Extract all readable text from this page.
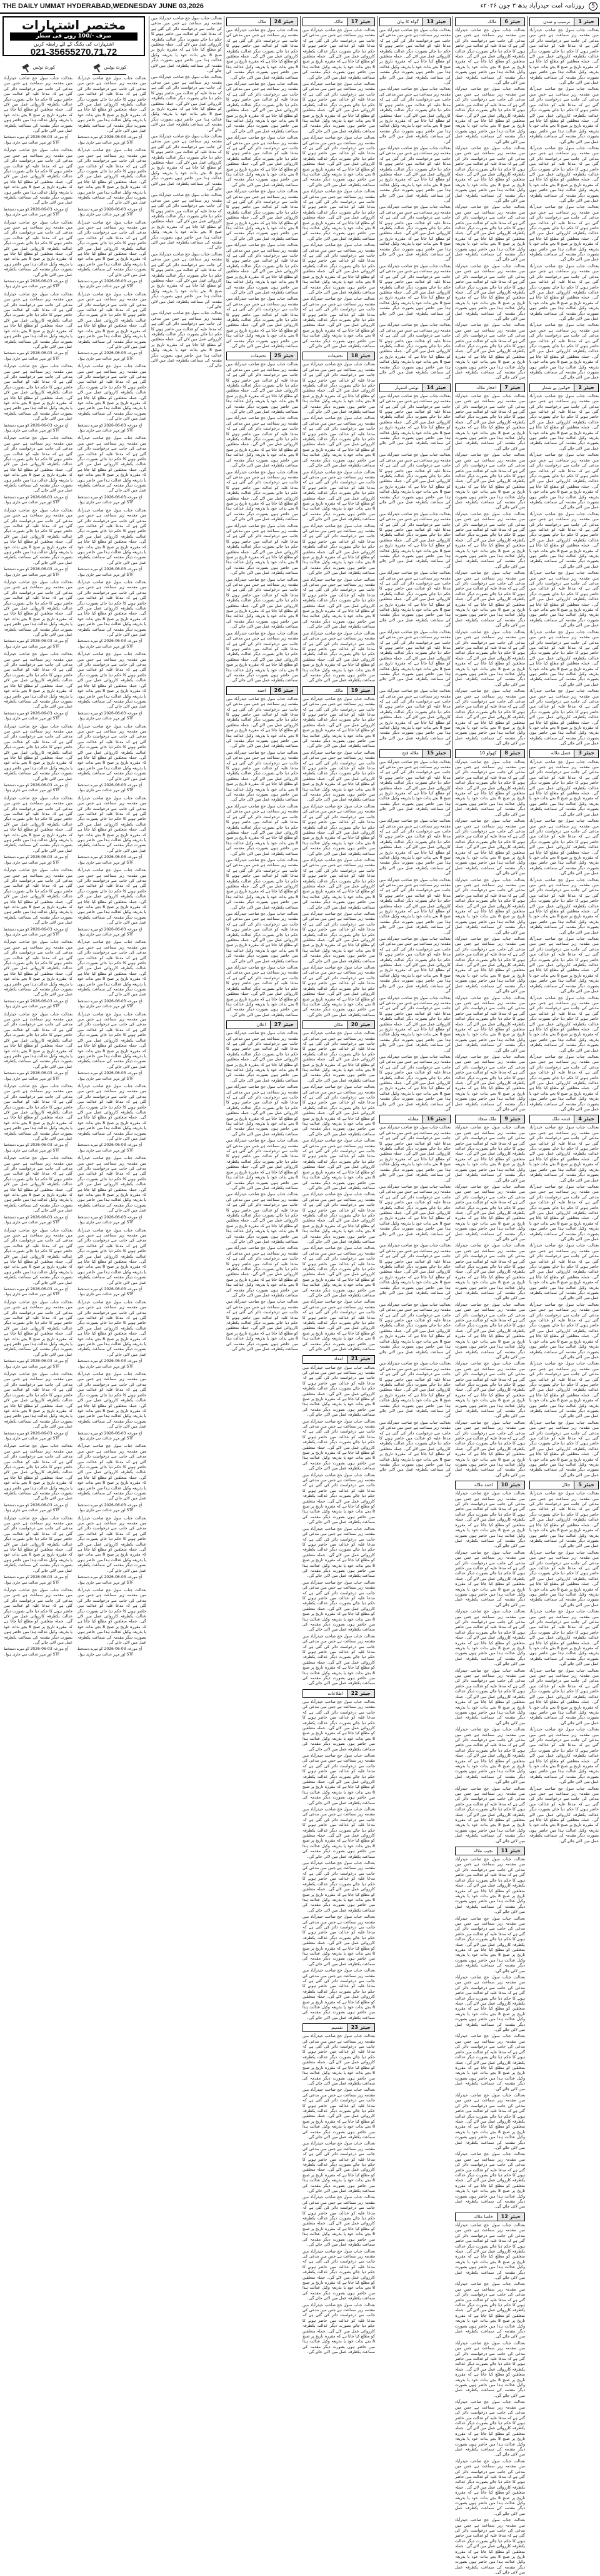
THE DAILY UMMAT HYDERABAD,WEDNESDAY JUNE 03,2026	5 روزنامہ امت حیدرآباد بدھ ۳ جون ۲۰۲۶ء
جیئر 1
ترسیپ و ضدن

بعدالت جناب سول جج صاحب حیدرآباد میں مقدمہ زیر سماعت ہے جس میں مدعی کی جانب سے درخواست دائر کی گئی ہے کہ مدعا علیہ کو عدالت میں حاضر ہونے کا حکم دیا جائے بصورت دیگر عدالت یکطرفہ کارروائی عمل میں لائے گی۔ جملہ متعلقین کو مطلع کیا جاتا ہے کہ مقررہ تاریخ پر صبح 8 بجے بذات خود یا بذریعہ وکیل عدالت ہذا میں حاضر ہوں بصورت دیگر مقدمہ کی سماعت یکطرفہ عمل میں لائی جائے گی۔

بعدالت جناب سول جج صاحب حیدرآباد میں مقدمہ زیر سماعت ہے جس میں مدعی کی جانب سے درخواست دائر کی گئی ہے کہ مدعا علیہ کو عدالت میں حاضر ہونے کا حکم دیا جائے بصورت دیگر عدالت یکطرفہ کارروائی عمل میں لائے گی۔ جملہ متعلقین کو مطلع کیا جاتا ہے کہ مقررہ تاریخ پر صبح 8 بجے بذات خود یا بذریعہ وکیل عدالت ہذا میں حاضر ہوں بصورت دیگر مقدمہ کی سماعت یکطرفہ عمل میں لائی جائے گی۔

بعدالت جناب سول جج صاحب حیدرآباد میں مقدمہ زیر سماعت ہے جس میں مدعی کی جانب سے درخواست دائر کی گئی ہے کہ مدعا علیہ کو عدالت میں حاضر ہونے کا حکم دیا جائے بصورت دیگر عدالت یکطرفہ کارروائی عمل میں لائے گی۔ جملہ متعلقین کو مطلع کیا جاتا ہے کہ مقررہ تاریخ پر صبح 8 بجے بذات خود یا بذریعہ وکیل عدالت ہذا میں حاضر ہوں بصورت دیگر مقدمہ کی سماعت یکطرفہ عمل میں لائی جائے گی۔

بعدالت جناب سول جج صاحب حیدرآباد میں مقدمہ زیر سماعت ہے جس میں مدعی کی جانب سے درخواست دائر کی گئی ہے کہ مدعا علیہ کو عدالت میں حاضر ہونے کا حکم دیا جائے بصورت دیگر عدالت یکطرفہ کارروائی عمل میں لائے گی۔ جملہ متعلقین کو مطلع کیا جاتا ہے کہ مقررہ تاریخ پر صبح 8 بجے بذات خود یا بذریعہ وکیل عدالت ہذا میں حاضر ہوں بصورت دیگر مقدمہ کی سماعت یکطرفہ عمل میں لائی جائے گی۔

بعدالت جناب سول جج صاحب حیدرآباد میں مقدمہ زیر سماعت ہے جس میں مدعی کی جانب سے درخواست دائر کی گئی ہے کہ مدعا علیہ کو عدالت میں حاضر ہونے کا حکم دیا جائے بصورت دیگر عدالت یکطرفہ کارروائی عمل میں لائے گی۔ جملہ متعلقین کو مطلع کیا جاتا ہے کہ مقررہ تاریخ پر صبح 8 بجے بذات خود یا بذریعہ وکیل عدالت ہذا میں حاضر ہوں بصورت دیگر مقدمہ کی سماعت یکطرفہ عمل میں لائی جائے گی۔

بعدالت جناب سول جج صاحب حیدرآباد میں مقدمہ زیر سماعت ہے جس میں مدعی کی جانب سے درخواست دائر کی گئی ہے کہ مدعا علیہ کو عدالت میں حاضر ہونے کا حکم دیا جائے بصورت دیگر عدالت یکطرفہ کارروائی عمل میں لائے گی۔ جملہ متعلقین کو مطلع کیا جاتا ہے کہ مقررہ تاریخ پر صبح 8 بجے بذات خود یا بذریعہ وکیل عدالت ہذا میں حاضر ہوں بصورت دیگر مقدمہ کی سماعت یکطرفہ عمل میں لائی جائے گی۔

جیئر 2
خواتین بے شمار

بعدالت جناب سول جج صاحب حیدرآباد میں مقدمہ زیر سماعت ہے جس میں مدعی کی جانب سے درخواست دائر کی گئی ہے کہ مدعا علیہ کو عدالت میں حاضر ہونے کا حکم دیا جائے بصورت دیگر عدالت یکطرفہ کارروائی عمل میں لائے گی۔ جملہ متعلقین کو مطلع کیا جاتا ہے کہ مقررہ تاریخ پر صبح 8 بجے بذات خود یا بذریعہ وکیل عدالت ہذا میں حاضر ہوں بصورت دیگر مقدمہ کی سماعت یکطرفہ عمل میں لائی جائے گی۔

بعدالت جناب سول جج صاحب حیدرآباد میں مقدمہ زیر سماعت ہے جس میں مدعی کی جانب سے درخواست دائر کی گئی ہے کہ مدعا علیہ کو عدالت میں حاضر ہونے کا حکم دیا جائے بصورت دیگر عدالت یکطرفہ کارروائی عمل میں لائے گی۔ جملہ متعلقین کو مطلع کیا جاتا ہے کہ مقررہ تاریخ پر صبح 8 بجے بذات خود یا بذریعہ وکیل عدالت ہذا میں حاضر ہوں بصورت دیگر مقدمہ کی سماعت یکطرفہ عمل میں لائی جائے گی۔

بعدالت جناب سول جج صاحب حیدرآباد میں مقدمہ زیر سماعت ہے جس میں مدعی کی جانب سے درخواست دائر کی گئی ہے کہ مدعا علیہ کو عدالت میں حاضر ہونے کا حکم دیا جائے بصورت دیگر عدالت یکطرفہ کارروائی عمل میں لائے گی۔ جملہ متعلقین کو مطلع کیا جاتا ہے کہ مقررہ تاریخ پر صبح 8 بجے بذات خود یا بذریعہ وکیل عدالت ہذا میں حاضر ہوں بصورت دیگر مقدمہ کی سماعت یکطرفہ عمل میں لائی جائے گی۔

بعدالت جناب سول جج صاحب حیدرآباد میں مقدمہ زیر سماعت ہے جس میں مدعی کی جانب سے درخواست دائر کی گئی ہے کہ مدعا علیہ کو عدالت میں حاضر ہونے کا حکم دیا جائے بصورت دیگر عدالت یکطرفہ کارروائی عمل میں لائے گی۔ جملہ متعلقین کو مطلع کیا جاتا ہے کہ مقررہ تاریخ پر صبح 8 بجے بذات خود یا بذریعہ وکیل عدالت ہذا میں حاضر ہوں بصورت دیگر مقدمہ کی سماعت یکطرفہ عمل میں لائی جائے گی۔

بعدالت جناب سول جج صاحب حیدرآباد میں مقدمہ زیر سماعت ہے جس میں مدعی کی جانب سے درخواست دائر کی گئی ہے کہ مدعا علیہ کو عدالت میں حاضر ہونے کا حکم دیا جائے بصورت دیگر عدالت یکطرفہ کارروائی عمل میں لائے گی۔ جملہ متعلقین کو مطلع کیا جاتا ہے کہ مقررہ تاریخ پر صبح 8 بجے بذات خود یا بذریعہ وکیل عدالت ہذا میں حاضر ہوں بصورت دیگر مقدمہ کی سماعت یکطرفہ عمل میں لائی جائے گی۔

بعدالت جناب سول جج صاحب حیدرآباد میں مقدمہ زیر سماعت ہے جس میں مدعی کی جانب سے درخواست دائر کی گئی ہے کہ مدعا علیہ کو عدالت میں حاضر ہونے کا حکم دیا جائے بصورت دیگر عدالت یکطرفہ کارروائی عمل میں لائے گی۔ جملہ متعلقین کو مطلع کیا جاتا ہے کہ مقررہ تاریخ پر صبح 8 بجے بذات خود یا بذریعہ وکیل عدالت ہذا میں حاضر ہوں بصورت دیگر مقدمہ کی سماعت یکطرفہ عمل میں لائی جائے گی۔

جیئر 3
فصل ملالہ

بعدالت جناب سول جج صاحب حیدرآباد میں مقدمہ زیر سماعت ہے جس میں مدعی کی جانب سے درخواست دائر کی گئی ہے کہ مدعا علیہ کو عدالت میں حاضر ہونے کا حکم دیا جائے بصورت دیگر عدالت یکطرفہ کارروائی عمل میں لائے گی۔ جملہ متعلقین کو مطلع کیا جاتا ہے کہ مقررہ تاریخ پر صبح 8 بجے بذات خود یا بذریعہ وکیل عدالت ہذا میں حاضر ہوں بصورت دیگر مقدمہ کی سماعت یکطرفہ عمل میں لائی جائے گی۔

بعدالت جناب سول جج صاحب حیدرآباد میں مقدمہ زیر سماعت ہے جس میں مدعی کی جانب سے درخواست دائر کی گئی ہے کہ مدعا علیہ کو عدالت میں حاضر ہونے کا حکم دیا جائے بصورت دیگر عدالت یکطرفہ کارروائی عمل میں لائے گی۔ جملہ متعلقین کو مطلع کیا جاتا ہے کہ مقررہ تاریخ پر صبح 8 بجے بذات خود یا بذریعہ وکیل عدالت ہذا میں حاضر ہوں بصورت دیگر مقدمہ کی سماعت یکطرفہ عمل میں لائی جائے گی۔

بعدالت جناب سول جج صاحب حیدرآباد میں مقدمہ زیر سماعت ہے جس میں مدعی کی جانب سے درخواست دائر کی گئی ہے کہ مدعا علیہ کو عدالت میں حاضر ہونے کا حکم دیا جائے بصورت دیگر عدالت یکطرفہ کارروائی عمل میں لائے گی۔ جملہ متعلقین کو مطلع کیا جاتا ہے کہ مقررہ تاریخ پر صبح 8 بجے بذات خود یا بذریعہ وکیل عدالت ہذا میں حاضر ہوں بصورت دیگر مقدمہ کی سماعت یکطرفہ عمل میں لائی جائے گی۔

بعدالت جناب سول جج صاحب حیدرآباد میں مقدمہ زیر سماعت ہے جس میں مدعی کی جانب سے درخواست دائر کی گئی ہے کہ مدعا علیہ کو عدالت میں حاضر ہونے کا حکم دیا جائے بصورت دیگر عدالت یکطرفہ کارروائی عمل میں لائے گی۔ جملہ متعلقین کو مطلع کیا جاتا ہے کہ مقررہ تاریخ پر صبح 8 بجے بذات خود یا بذریعہ وکیل عدالت ہذا میں حاضر ہوں بصورت دیگر مقدمہ کی سماعت یکطرفہ عمل میں لائی جائے گی۔

بعدالت جناب سول جج صاحب حیدرآباد میں مقدمہ زیر سماعت ہے جس میں مدعی کی جانب سے درخواست دائر کی گئی ہے کہ مدعا علیہ کو عدالت میں حاضر ہونے کا حکم دیا جائے بصورت دیگر عدالت یکطرفہ کارروائی عمل میں لائے گی۔ جملہ متعلقین کو مطلع کیا جاتا ہے کہ مقررہ تاریخ پر صبح 8 بجے بذات خود یا بذریعہ وکیل عدالت ہذا میں حاضر ہوں بصورت دیگر مقدمہ کی سماعت یکطرفہ عمل میں لائی جائے گی۔

بعدالت جناب سول جج صاحب حیدرآباد میں مقدمہ زیر سماعت ہے جس میں مدعی کی جانب سے درخواست دائر کی گئی ہے کہ مدعا علیہ کو عدالت میں حاضر ہونے کا حکم دیا جائے بصورت دیگر عدالت یکطرفہ کارروائی عمل میں لائے گی۔ جملہ متعلقین کو مطلع کیا جاتا ہے کہ مقررہ تاریخ پر صبح 8 بجے بذات خود یا بذریعہ وکیل عدالت ہذا میں حاضر ہوں بصورت دیگر مقدمہ کی سماعت یکطرفہ عمل میں لائی جائے گی۔

جیئر 4
قدمہ ملک

بعدالت جناب سول جج صاحب حیدرآباد میں مقدمہ زیر سماعت ہے جس میں مدعی کی جانب سے درخواست دائر کی گئی ہے کہ مدعا علیہ کو عدالت میں حاضر ہونے کا حکم دیا جائے بصورت دیگر عدالت یکطرفہ کارروائی عمل میں لائے گی۔ جملہ متعلقین کو مطلع کیا جاتا ہے کہ مقررہ تاریخ پر صبح 8 بجے بذات خود یا بذریعہ وکیل عدالت ہذا میں حاضر ہوں بصورت دیگر مقدمہ کی سماعت یکطرفہ عمل میں لائی جائے گی۔

بعدالت جناب سول جج صاحب حیدرآباد میں مقدمہ زیر سماعت ہے جس میں مدعی کی جانب سے درخواست دائر کی گئی ہے کہ مدعا علیہ کو عدالت میں حاضر ہونے کا حکم دیا جائے بصورت دیگر عدالت یکطرفہ کارروائی عمل میں لائے گی۔ جملہ متعلقین کو مطلع کیا جاتا ہے کہ مقررہ تاریخ پر صبح 8 بجے بذات خود یا بذریعہ وکیل عدالت ہذا میں حاضر ہوں بصورت دیگر مقدمہ کی سماعت یکطرفہ عمل میں لائی جائے گی۔

بعدالت جناب سول جج صاحب حیدرآباد میں مقدمہ زیر سماعت ہے جس میں مدعی کی جانب سے درخواست دائر کی گئی ہے کہ مدعا علیہ کو عدالت میں حاضر ہونے کا حکم دیا جائے بصورت دیگر عدالت یکطرفہ کارروائی عمل میں لائے گی۔ جملہ متعلقین کو مطلع کیا جاتا ہے کہ مقررہ تاریخ پر صبح 8 بجے بذات خود یا بذریعہ وکیل عدالت ہذا میں حاضر ہوں بصورت دیگر مقدمہ کی سماعت یکطرفہ عمل میں لائی جائے گی۔

بعدالت جناب سول جج صاحب حیدرآباد میں مقدمہ زیر سماعت ہے جس میں مدعی کی جانب سے درخواست دائر کی گئی ہے کہ مدعا علیہ کو عدالت میں حاضر ہونے کا حکم دیا جائے بصورت دیگر عدالت یکطرفہ کارروائی عمل میں لائے گی۔ جملہ متعلقین کو مطلع کیا جاتا ہے کہ مقررہ تاریخ پر صبح 8 بجے بذات خود یا بذریعہ وکیل عدالت ہذا میں حاضر ہوں بصورت دیگر مقدمہ کی سماعت یکطرفہ عمل میں لائی جائے گی۔

بعدالت جناب سول جج صاحب حیدرآباد میں مقدمہ زیر سماعت ہے جس میں مدعی کی جانب سے درخواست دائر کی گئی ہے کہ مدعا علیہ کو عدالت میں حاضر ہونے کا حکم دیا جائے بصورت دیگر عدالت یکطرفہ کارروائی عمل میں لائے گی۔ جملہ متعلقین کو مطلع کیا جاتا ہے کہ مقررہ تاریخ پر صبح 8 بجے بذات خود یا بذریعہ وکیل عدالت ہذا میں حاضر ہوں بصورت دیگر مقدمہ کی سماعت یکطرفہ عمل میں لائی جائے گی۔

بعدالت جناب سول جج صاحب حیدرآباد میں مقدمہ زیر سماعت ہے جس میں مدعی کی جانب سے درخواست دائر کی گئی ہے کہ مدعا علیہ کو عدالت میں حاضر ہونے کا حکم دیا جائے بصورت دیگر عدالت یکطرفہ کارروائی عمل میں لائے گی۔ جملہ متعلقین کو مطلع کیا جاتا ہے کہ مقررہ تاریخ پر صبح 8 بجے بذات خود یا بذریعہ وکیل عدالت ہذا میں حاضر ہوں بصورت دیگر مقدمہ کی سماعت یکطرفہ عمل میں لائی جائے گی۔

جیئر 5
جلال

بعدالت جناب سول جج صاحب حیدرآباد میں مقدمہ زیر سماعت ہے جس میں مدعی کی جانب سے درخواست دائر کی گئی ہے کہ مدعا علیہ کو عدالت میں حاضر ہونے کا حکم دیا جائے بصورت دیگر عدالت یکطرفہ کارروائی عمل میں لائے گی۔ جملہ متعلقین کو مطلع کیا جاتا ہے کہ مقررہ تاریخ پر صبح 8 بجے بذات خود یا بذریعہ وکیل عدالت ہذا میں حاضر ہوں بصورت دیگر مقدمہ کی سماعت یکطرفہ عمل میں لائی جائے گی۔

بعدالت جناب سول جج صاحب حیدرآباد میں مقدمہ زیر سماعت ہے جس میں مدعی کی جانب سے درخواست دائر کی گئی ہے کہ مدعا علیہ کو عدالت میں حاضر ہونے کا حکم دیا جائے بصورت دیگر عدالت یکطرفہ کارروائی عمل میں لائے گی۔ جملہ متعلقین کو مطلع کیا جاتا ہے کہ مقررہ تاریخ پر صبح 8 بجے بذات خود یا بذریعہ وکیل عدالت ہذا میں حاضر ہوں بصورت دیگر مقدمہ کی سماعت یکطرفہ عمل میں لائی جائے گی۔

بعدالت جناب سول جج صاحب حیدرآباد میں مقدمہ زیر سماعت ہے جس میں مدعی کی جانب سے درخواست دائر کی گئی ہے کہ مدعا علیہ کو عدالت میں حاضر ہونے کا حکم دیا جائے بصورت دیگر عدالت یکطرفہ کارروائی عمل میں لائے گی۔ جملہ متعلقین کو مطلع کیا جاتا ہے کہ مقررہ تاریخ پر صبح 8 بجے بذات خود یا بذریعہ وکیل عدالت ہذا میں حاضر ہوں بصورت دیگر مقدمہ کی سماعت یکطرفہ عمل میں لائی جائے گی۔

بعدالت جناب سول جج صاحب حیدرآباد میں مقدمہ زیر سماعت ہے جس میں مدعی کی جانب سے درخواست دائر کی گئی ہے کہ مدعا علیہ کو عدالت میں حاضر ہونے کا حکم دیا جائے بصورت دیگر عدالت یکطرفہ کارروائی عمل میں لائے گی۔ جملہ متعلقین کو مطلع کیا جاتا ہے کہ مقررہ تاریخ پر صبح 8 بجے بذات خود یا بذریعہ وکیل عدالت ہذا میں حاضر ہوں بصورت دیگر مقدمہ کی سماعت یکطرفہ عمل میں لائی جائے گی۔

بعدالت جناب سول جج صاحب حیدرآباد میں مقدمہ زیر سماعت ہے جس میں مدعی کی جانب سے درخواست دائر کی گئی ہے کہ مدعا علیہ کو عدالت میں حاضر ہونے کا حکم دیا جائے بصورت دیگر عدالت یکطرفہ کارروائی عمل میں لائے گی۔ جملہ متعلقین کو مطلع کیا جاتا ہے کہ مقررہ تاریخ پر صبح 8 بجے بذات خود یا بذریعہ وکیل عدالت ہذا میں حاضر ہوں بصورت دیگر مقدمہ کی سماعت یکطرفہ عمل میں لائی جائے گی۔

بعدالت جناب سول جج صاحب حیدرآباد میں مقدمہ زیر سماعت ہے جس میں مدعی کی جانب سے درخواست دائر کی گئی ہے کہ مدعا علیہ کو عدالت میں حاضر ہونے کا حکم دیا جائے بصورت دیگر عدالت یکطرفہ کارروائی عمل میں لائے گی۔ جملہ متعلقین کو مطلع کیا جاتا ہے کہ مقررہ تاریخ پر صبح 8 بجے بذات خود یا بذریعہ وکیل عدالت ہذا میں حاضر ہوں بصورت دیگر مقدمہ کی سماعت یکطرفہ عمل میں لائی جائے گی۔

جیئر 6
مالک

بعدالت جناب سول جج صاحب حیدرآباد میں مقدمہ زیر سماعت ہے جس میں مدعی کی جانب سے درخواست دائر کی گئی ہے کہ مدعا علیہ کو عدالت میں حاضر ہونے کا حکم دیا جائے بصورت دیگر عدالت یکطرفہ کارروائی عمل میں لائے گی۔ جملہ متعلقین کو مطلع کیا جاتا ہے کہ مقررہ تاریخ پر صبح 8 بجے بذات خود یا بذریعہ وکیل عدالت ہذا میں حاضر ہوں بصورت دیگر مقدمہ کی سماعت یکطرفہ عمل میں لائی جائے گی۔

بعدالت جناب سول جج صاحب حیدرآباد میں مقدمہ زیر سماعت ہے جس میں مدعی کی جانب سے درخواست دائر کی گئی ہے کہ مدعا علیہ کو عدالت میں حاضر ہونے کا حکم دیا جائے بصورت دیگر عدالت یکطرفہ کارروائی عمل میں لائے گی۔ جملہ متعلقین کو مطلع کیا جاتا ہے کہ مقررہ تاریخ پر صبح 8 بجے بذات خود یا بذریعہ وکیل عدالت ہذا میں حاضر ہوں بصورت دیگر مقدمہ کی سماعت یکطرفہ عمل میں لائی جائے گی۔

بعدالت جناب سول جج صاحب حیدرآباد میں مقدمہ زیر سماعت ہے جس میں مدعی کی جانب سے درخواست دائر کی گئی ہے کہ مدعا علیہ کو عدالت میں حاضر ہونے کا حکم دیا جائے بصورت دیگر عدالت یکطرفہ کارروائی عمل میں لائے گی۔ جملہ متعلقین کو مطلع کیا جاتا ہے کہ مقررہ تاریخ پر صبح 8 بجے بذات خود یا بذریعہ وکیل عدالت ہذا میں حاضر ہوں بصورت دیگر مقدمہ کی سماعت یکطرفہ عمل میں لائی جائے گی۔

بعدالت جناب سول جج صاحب حیدرآباد میں مقدمہ زیر سماعت ہے جس میں مدعی کی جانب سے درخواست دائر کی گئی ہے کہ مدعا علیہ کو عدالت میں حاضر ہونے کا حکم دیا جائے بصورت دیگر عدالت یکطرفہ کارروائی عمل میں لائے گی۔ جملہ متعلقین کو مطلع کیا جاتا ہے کہ مقررہ تاریخ پر صبح 8 بجے بذات خود یا بذریعہ وکیل عدالت ہذا میں حاضر ہوں بصورت دیگر مقدمہ کی سماعت یکطرفہ عمل میں لائی جائے گی۔

بعدالت جناب سول جج صاحب حیدرآباد میں مقدمہ زیر سماعت ہے جس میں مدعی کی جانب سے درخواست دائر کی گئی ہے کہ مدعا علیہ کو عدالت میں حاضر ہونے کا حکم دیا جائے بصورت دیگر عدالت یکطرفہ کارروائی عمل میں لائے گی۔ جملہ متعلقین کو مطلع کیا جاتا ہے کہ مقررہ تاریخ پر صبح 8 بجے بذات خود یا بذریعہ وکیل عدالت ہذا میں حاضر ہوں بصورت دیگر مقدمہ کی سماعت یکطرفہ عمل میں لائی جائے گی۔

بعدالت جناب سول جج صاحب حیدرآباد میں مقدمہ زیر سماعت ہے جس میں مدعی کی جانب سے درخواست دائر کی گئی ہے کہ مدعا علیہ کو عدالت میں حاضر ہونے کا حکم دیا جائے بصورت دیگر عدالت یکطرفہ کارروائی عمل میں لائے گی۔ جملہ متعلقین کو مطلع کیا جاتا ہے کہ مقررہ تاریخ پر صبح 8 بجے بذات خود یا بذریعہ وکیل عدالت ہذا میں حاضر ہوں بصورت دیگر مقدمہ کی سماعت یکطرفہ عمل میں لائی جائے گی۔

جیئر 7
اعجاز ملالہ

بعدالت جناب سول جج صاحب حیدرآباد میں مقدمہ زیر سماعت ہے جس میں مدعی کی جانب سے درخواست دائر کی گئی ہے کہ مدعا علیہ کو عدالت میں حاضر ہونے کا حکم دیا جائے بصورت دیگر عدالت یکطرفہ کارروائی عمل میں لائے گی۔ جملہ متعلقین کو مطلع کیا جاتا ہے کہ مقررہ تاریخ پر صبح 8 بجے بذات خود یا بذریعہ وکیل عدالت ہذا میں حاضر ہوں بصورت دیگر مقدمہ کی سماعت یکطرفہ عمل میں لائی جائے گی۔

بعدالت جناب سول جج صاحب حیدرآباد میں مقدمہ زیر سماعت ہے جس میں مدعی کی جانب سے درخواست دائر کی گئی ہے کہ مدعا علیہ کو عدالت میں حاضر ہونے کا حکم دیا جائے بصورت دیگر عدالت یکطرفہ کارروائی عمل میں لائے گی۔ جملہ متعلقین کو مطلع کیا جاتا ہے کہ مقررہ تاریخ پر صبح 8 بجے بذات خود یا بذریعہ وکیل عدالت ہذا میں حاضر ہوں بصورت دیگر مقدمہ کی سماعت یکطرفہ عمل میں لائی جائے گی۔

بعدالت جناب سول جج صاحب حیدرآباد میں مقدمہ زیر سماعت ہے جس میں مدعی کی جانب سے درخواست دائر کی گئی ہے کہ مدعا علیہ کو عدالت میں حاضر ہونے کا حکم دیا جائے بصورت دیگر عدالت یکطرفہ کارروائی عمل میں لائے گی۔ جملہ متعلقین کو مطلع کیا جاتا ہے کہ مقررہ تاریخ پر صبح 8 بجے بذات خود یا بذریعہ وکیل عدالت ہذا میں حاضر ہوں بصورت دیگر مقدمہ کی سماعت یکطرفہ عمل میں لائی جائے گی۔

بعدالت جناب سول جج صاحب حیدرآباد میں مقدمہ زیر سماعت ہے جس میں مدعی کی جانب سے درخواست دائر کی گئی ہے کہ مدعا علیہ کو عدالت میں حاضر ہونے کا حکم دیا جائے بصورت دیگر عدالت یکطرفہ کارروائی عمل میں لائے گی۔ جملہ متعلقین کو مطلع کیا جاتا ہے کہ مقررہ تاریخ پر صبح 8 بجے بذات خود یا بذریعہ وکیل عدالت ہذا میں حاضر ہوں بصورت دیگر مقدمہ کی سماعت یکطرفہ عمل میں لائی جائے گی۔

بعدالت جناب سول جج صاحب حیدرآباد میں مقدمہ زیر سماعت ہے جس میں مدعی کی جانب سے درخواست دائر کی گئی ہے کہ مدعا علیہ کو عدالت میں حاضر ہونے کا حکم دیا جائے بصورت دیگر عدالت یکطرفہ کارروائی عمل میں لائے گی۔ جملہ متعلقین کو مطلع کیا جاتا ہے کہ مقررہ تاریخ پر صبح 8 بجے بذات خود یا بذریعہ وکیل عدالت ہذا میں حاضر ہوں بصورت دیگر مقدمہ کی سماعت یکطرفہ عمل میں لائی جائے گی۔

بعدالت جناب سول جج صاحب حیدرآباد میں مقدمہ زیر سماعت ہے جس میں مدعی کی جانب سے درخواست دائر کی گئی ہے کہ مدعا علیہ کو عدالت میں حاضر ہونے کا حکم دیا جائے بصورت دیگر عدالت یکطرفہ کارروائی عمل میں لائے گی۔ جملہ متعلقین کو مطلع کیا جاتا ہے کہ مقررہ تاریخ پر صبح 8 بجے بذات خود یا بذریعہ وکیل عدالت ہذا میں حاضر ہوں بصورت دیگر مقدمہ کی سماعت یکطرفہ عمل میں لائی جائے گی۔

جیئر 8
کھولو 10

بعدالت جناب سول جج صاحب حیدرآباد میں مقدمہ زیر سماعت ہے جس میں مدعی کی جانب سے درخواست دائر کی گئی ہے کہ مدعا علیہ کو عدالت میں حاضر ہونے کا حکم دیا جائے بصورت دیگر عدالت یکطرفہ کارروائی عمل میں لائے گی۔ جملہ متعلقین کو مطلع کیا جاتا ہے کہ مقررہ تاریخ پر صبح 8 بجے بذات خود یا بذریعہ وکیل عدالت ہذا میں حاضر ہوں بصورت دیگر مقدمہ کی سماعت یکطرفہ عمل میں لائی جائے گی۔

بعدالت جناب سول جج صاحب حیدرآباد میں مقدمہ زیر سماعت ہے جس میں مدعی کی جانب سے درخواست دائر کی گئی ہے کہ مدعا علیہ کو عدالت میں حاضر ہونے کا حکم دیا جائے بصورت دیگر عدالت یکطرفہ کارروائی عمل میں لائے گی۔ جملہ متعلقین کو مطلع کیا جاتا ہے کہ مقررہ تاریخ پر صبح 8 بجے بذات خود یا بذریعہ وکیل عدالت ہذا میں حاضر ہوں بصورت دیگر مقدمہ کی سماعت یکطرفہ عمل میں لائی جائے گی۔

بعدالت جناب سول جج صاحب حیدرآباد میں مقدمہ زیر سماعت ہے جس میں مدعی کی جانب سے درخواست دائر کی گئی ہے کہ مدعا علیہ کو عدالت میں حاضر ہونے کا حکم دیا جائے بصورت دیگر عدالت یکطرفہ کارروائی عمل میں لائے گی۔ جملہ متعلقین کو مطلع کیا جاتا ہے کہ مقررہ تاریخ پر صبح 8 بجے بذات خود یا بذریعہ وکیل عدالت ہذا میں حاضر ہوں بصورت دیگر مقدمہ کی سماعت یکطرفہ عمل میں لائی جائے گی۔

بعدالت جناب سول جج صاحب حیدرآباد میں مقدمہ زیر سماعت ہے جس میں مدعی کی جانب سے درخواست دائر کی گئی ہے کہ مدعا علیہ کو عدالت میں حاضر ہونے کا حکم دیا جائے بصورت دیگر عدالت یکطرفہ کارروائی عمل میں لائے گی۔ جملہ متعلقین کو مطلع کیا جاتا ہے کہ مقررہ تاریخ پر صبح 8 بجے بذات خود یا بذریعہ وکیل عدالت ہذا میں حاضر ہوں بصورت دیگر مقدمہ کی سماعت یکطرفہ عمل میں لائی جائے گی۔

بعدالت جناب سول جج صاحب حیدرآباد میں مقدمہ زیر سماعت ہے جس میں مدعی کی جانب سے درخواست دائر کی گئی ہے کہ مدعا علیہ کو عدالت میں حاضر ہونے کا حکم دیا جائے بصورت دیگر عدالت یکطرفہ کارروائی عمل میں لائے گی۔ جملہ متعلقین کو مطلع کیا جاتا ہے کہ مقررہ تاریخ پر صبح 8 بجے بذات خود یا بذریعہ وکیل عدالت ہذا میں حاضر ہوں بصورت دیگر مقدمہ کی سماعت یکطرفہ عمل میں لائی جائے گی۔

بعدالت جناب سول جج صاحب حیدرآباد میں مقدمہ زیر سماعت ہے جس میں مدعی کی جانب سے درخواست دائر کی گئی ہے کہ مدعا علیہ کو عدالت میں حاضر ہونے کا حکم دیا جائے بصورت دیگر عدالت یکطرفہ کارروائی عمل میں لائے گی۔ جملہ متعلقین کو مطلع کیا جاتا ہے کہ مقررہ تاریخ پر صبح 8 بجے بذات خود یا بذریعہ وکیل عدالت ہذا میں حاضر ہوں بصورت دیگر مقدمہ کی سماعت یکطرفہ عمل میں لائی جائے گی۔

جیئر 9
ملک سجاد

بعدالت جناب سول جج صاحب حیدرآباد میں مقدمہ زیر سماعت ہے جس میں مدعی کی جانب سے درخواست دائر کی گئی ہے کہ مدعا علیہ کو عدالت میں حاضر ہونے کا حکم دیا جائے بصورت دیگر عدالت یکطرفہ کارروائی عمل میں لائے گی۔ جملہ متعلقین کو مطلع کیا جاتا ہے کہ مقررہ تاریخ پر صبح 8 بجے بذات خود یا بذریعہ وکیل عدالت ہذا میں حاضر ہوں بصورت دیگر مقدمہ کی سماعت یکطرفہ عمل میں لائی جائے گی۔

بعدالت جناب سول جج صاحب حیدرآباد میں مقدمہ زیر سماعت ہے جس میں مدعی کی جانب سے درخواست دائر کی گئی ہے کہ مدعا علیہ کو عدالت میں حاضر ہونے کا حکم دیا جائے بصورت دیگر عدالت یکطرفہ کارروائی عمل میں لائے گی۔ جملہ متعلقین کو مطلع کیا جاتا ہے کہ مقررہ تاریخ پر صبح 8 بجے بذات خود یا بذریعہ وکیل عدالت ہذا میں حاضر ہوں بصورت دیگر مقدمہ کی سماعت یکطرفہ عمل میں لائی جائے گی۔

بعدالت جناب سول جج صاحب حیدرآباد میں مقدمہ زیر سماعت ہے جس میں مدعی کی جانب سے درخواست دائر کی گئی ہے کہ مدعا علیہ کو عدالت میں حاضر ہونے کا حکم دیا جائے بصورت دیگر عدالت یکطرفہ کارروائی عمل میں لائے گی۔ جملہ متعلقین کو مطلع کیا جاتا ہے کہ مقررہ تاریخ پر صبح 8 بجے بذات خود یا بذریعہ وکیل عدالت ہذا میں حاضر ہوں بصورت دیگر مقدمہ کی سماعت یکطرفہ عمل میں لائی جائے گی۔

بعدالت جناب سول جج صاحب حیدرآباد میں مقدمہ زیر سماعت ہے جس میں مدعی کی جانب سے درخواست دائر کی گئی ہے کہ مدعا علیہ کو عدالت میں حاضر ہونے کا حکم دیا جائے بصورت دیگر عدالت یکطرفہ کارروائی عمل میں لائے گی۔ جملہ متعلقین کو مطلع کیا جاتا ہے کہ مقررہ تاریخ پر صبح 8 بجے بذات خود یا بذریعہ وکیل عدالت ہذا میں حاضر ہوں بصورت دیگر مقدمہ کی سماعت یکطرفہ عمل میں لائی جائے گی۔

بعدالت جناب سول جج صاحب حیدرآباد میں مقدمہ زیر سماعت ہے جس میں مدعی کی جانب سے درخواست دائر کی گئی ہے کہ مدعا علیہ کو عدالت میں حاضر ہونے کا حکم دیا جائے بصورت دیگر عدالت یکطرفہ کارروائی عمل میں لائے گی۔ جملہ متعلقین کو مطلع کیا جاتا ہے کہ مقررہ تاریخ پر صبح 8 بجے بذات خود یا بذریعہ وکیل عدالت ہذا میں حاضر ہوں بصورت دیگر مقدمہ کی سماعت یکطرفہ عمل میں لائی جائے گی۔

بعدالت جناب سول جج صاحب حیدرآباد میں مقدمہ زیر سماعت ہے جس میں مدعی کی جانب سے درخواست دائر کی گئی ہے کہ مدعا علیہ کو عدالت میں حاضر ہونے کا حکم دیا جائے بصورت دیگر عدالت یکطرفہ کارروائی عمل میں لائے گی۔ جملہ متعلقین کو مطلع کیا جاتا ہے کہ مقررہ تاریخ پر صبح 8 بجے بذات خود یا بذریعہ وکیل عدالت ہذا میں حاضر ہوں بصورت دیگر مقدمہ کی سماعت یکطرفہ عمل میں لائی جائے گی۔

جیئر 10
احمد ملالہ

بعدالت جناب سول جج صاحب حیدرآباد میں مقدمہ زیر سماعت ہے جس میں مدعی کی جانب سے درخواست دائر کی گئی ہے کہ مدعا علیہ کو عدالت میں حاضر ہونے کا حکم دیا جائے بصورت دیگر عدالت یکطرفہ کارروائی عمل میں لائے گی۔ جملہ متعلقین کو مطلع کیا جاتا ہے کہ مقررہ تاریخ پر صبح 8 بجے بذات خود یا بذریعہ وکیل عدالت ہذا میں حاضر ہوں بصورت دیگر مقدمہ کی سماعت یکطرفہ عمل میں لائی جائے گی۔

بعدالت جناب سول جج صاحب حیدرآباد میں مقدمہ زیر سماعت ہے جس میں مدعی کی جانب سے درخواست دائر کی گئی ہے کہ مدعا علیہ کو عدالت میں حاضر ہونے کا حکم دیا جائے بصورت دیگر عدالت یکطرفہ کارروائی عمل میں لائے گی۔ جملہ متعلقین کو مطلع کیا جاتا ہے کہ مقررہ تاریخ پر صبح 8 بجے بذات خود یا بذریعہ وکیل عدالت ہذا میں حاضر ہوں بصورت دیگر مقدمہ کی سماعت یکطرفہ عمل میں لائی جائے گی۔

بعدالت جناب سول جج صاحب حیدرآباد میں مقدمہ زیر سماعت ہے جس میں مدعی کی جانب سے درخواست دائر کی گئی ہے کہ مدعا علیہ کو عدالت میں حاضر ہونے کا حکم دیا جائے بصورت دیگر عدالت یکطرفہ کارروائی عمل میں لائے گی۔ جملہ متعلقین کو مطلع کیا جاتا ہے کہ مقررہ تاریخ پر صبح 8 بجے بذات خود یا بذریعہ وکیل عدالت ہذا میں حاضر ہوں بصورت دیگر مقدمہ کی سماعت یکطرفہ عمل میں لائی جائے گی۔

بعدالت جناب سول جج صاحب حیدرآباد میں مقدمہ زیر سماعت ہے جس میں مدعی کی جانب سے درخواست دائر کی گئی ہے کہ مدعا علیہ کو عدالت میں حاضر ہونے کا حکم دیا جائے بصورت دیگر عدالت یکطرفہ کارروائی عمل میں لائے گی۔ جملہ متعلقین کو مطلع کیا جاتا ہے کہ مقررہ تاریخ پر صبح 8 بجے بذات خود یا بذریعہ وکیل عدالت ہذا میں حاضر ہوں بصورت دیگر مقدمہ کی سماعت یکطرفہ عمل میں لائی جائے گی۔

بعدالت جناب سول جج صاحب حیدرآباد میں مقدمہ زیر سماعت ہے جس میں مدعی کی جانب سے درخواست دائر کی گئی ہے کہ مدعا علیہ کو عدالت میں حاضر ہونے کا حکم دیا جائے بصورت دیگر عدالت یکطرفہ کارروائی عمل میں لائے گی۔ جملہ متعلقین کو مطلع کیا جاتا ہے کہ مقررہ تاریخ پر صبح 8 بجے بذات خود یا بذریعہ وکیل عدالت ہذا میں حاضر ہوں بصورت دیگر مقدمہ کی سماعت یکطرفہ عمل میں لائی جائے گی۔

بعدالت جناب سول جج صاحب حیدرآباد میں مقدمہ زیر سماعت ہے جس میں مدعی کی جانب سے درخواست دائر کی گئی ہے کہ مدعا علیہ کو عدالت میں حاضر ہونے کا حکم دیا جائے بصورت دیگر عدالت یکطرفہ کارروائی عمل میں لائے گی۔ جملہ متعلقین کو مطلع کیا جاتا ہے کہ مقررہ تاریخ پر صبح 8 بجے بذات خود یا بذریعہ وکیل عدالت ہذا میں حاضر ہوں بصورت دیگر مقدمہ کی سماعت یکطرفہ عمل میں لائی جائے گی۔

جیئر 11
نجیب ملالہ

بعدالت جناب سول جج صاحب حیدرآباد میں مقدمہ زیر سماعت ہے جس میں مدعی کی جانب سے درخواست دائر کی گئی ہے کہ مدعا علیہ کو عدالت میں حاضر ہونے کا حکم دیا جائے بصورت دیگر عدالت یکطرفہ کارروائی عمل میں لائے گی۔ جملہ متعلقین کو مطلع کیا جاتا ہے کہ مقررہ تاریخ پر صبح 8 بجے بذات خود یا بذریعہ وکیل عدالت ہذا میں حاضر ہوں بصورت دیگر مقدمہ کی سماعت یکطرفہ عمل میں لائی جائے گی۔

بعدالت جناب سول جج صاحب حیدرآباد میں مقدمہ زیر سماعت ہے جس میں مدعی کی جانب سے درخواست دائر کی گئی ہے کہ مدعا علیہ کو عدالت میں حاضر ہونے کا حکم دیا جائے بصورت دیگر عدالت یکطرفہ کارروائی عمل میں لائے گی۔ جملہ متعلقین کو مطلع کیا جاتا ہے کہ مقررہ تاریخ پر صبح 8 بجے بذات خود یا بذریعہ وکیل عدالت ہذا میں حاضر ہوں بصورت دیگر مقدمہ کی سماعت یکطرفہ عمل میں لائی جائے گی۔

بعدالت جناب سول جج صاحب حیدرآباد میں مقدمہ زیر سماعت ہے جس میں مدعی کی جانب سے درخواست دائر کی گئی ہے کہ مدعا علیہ کو عدالت میں حاضر ہونے کا حکم دیا جائے بصورت دیگر عدالت یکطرفہ کارروائی عمل میں لائے گی۔ جملہ متعلقین کو مطلع کیا جاتا ہے کہ مقررہ تاریخ پر صبح 8 بجے بذات خود یا بذریعہ وکیل عدالت ہذا میں حاضر ہوں بصورت دیگر مقدمہ کی سماعت یکطرفہ عمل میں لائی جائے گی۔

بعدالت جناب سول جج صاحب حیدرآباد میں مقدمہ زیر سماعت ہے جس میں مدعی کی جانب سے درخواست دائر کی گئی ہے کہ مدعا علیہ کو عدالت میں حاضر ہونے کا حکم دیا جائے بصورت دیگر عدالت یکطرفہ کارروائی عمل میں لائے گی۔ جملہ متعلقین کو مطلع کیا جاتا ہے کہ مقررہ تاریخ پر صبح 8 بجے بذات خود یا بذریعہ وکیل عدالت ہذا میں حاضر ہوں بصورت دیگر مقدمہ کی سماعت یکطرفہ عمل میں لائی جائے گی۔

بعدالت جناب سول جج صاحب حیدرآباد میں مقدمہ زیر سماعت ہے جس میں مدعی کی جانب سے درخواست دائر کی گئی ہے کہ مدعا علیہ کو عدالت میں حاضر ہونے کا حکم دیا جائے بصورت دیگر عدالت یکطرفہ کارروائی عمل میں لائے گی۔ جملہ متعلقین کو مطلع کیا جاتا ہے کہ مقررہ تاریخ پر صبح 8 بجے بذات خود یا بذریعہ وکیل عدالت ہذا میں حاضر ہوں بصورت دیگر مقدمہ کی سماعت یکطرفہ عمل میں لائی جائے گی۔

بعدالت جناب سول جج صاحب حیدرآباد میں مقدمہ زیر سماعت ہے جس میں مدعی کی جانب سے درخواست دائر کی گئی ہے کہ مدعا علیہ کو عدالت میں حاضر ہونے کا حکم دیا جائے بصورت دیگر عدالت یکطرفہ کارروائی عمل میں لائے گی۔ جملہ متعلقین کو مطلع کیا جاتا ہے کہ مقررہ تاریخ پر صبح 8 بجے بذات خود یا بذریعہ وکیل عدالت ہذا میں حاضر ہوں بصورت دیگر مقدمہ کی سماعت یکطرفہ عمل میں لائی جائے گی۔

جیئر 12
خاصا ملالہ

بعدالت جناب سول جج صاحب حیدرآباد میں مقدمہ زیر سماعت ہے جس میں مدعی کی جانب سے درخواست دائر کی گئی ہے کہ مدعا علیہ کو عدالت میں حاضر ہونے کا حکم دیا جائے بصورت دیگر عدالت یکطرفہ کارروائی عمل میں لائے گی۔ جملہ متعلقین کو مطلع کیا جاتا ہے کہ مقررہ تاریخ پر صبح 8 بجے بذات خود یا بذریعہ وکیل عدالت ہذا میں حاضر ہوں بصورت دیگر مقدمہ کی سماعت یکطرفہ عمل میں لائی جائے گی۔

بعدالت جناب سول جج صاحب حیدرآباد میں مقدمہ زیر سماعت ہے جس میں مدعی کی جانب سے درخواست دائر کی گئی ہے کہ مدعا علیہ کو عدالت میں حاضر ہونے کا حکم دیا جائے بصورت دیگر عدالت یکطرفہ کارروائی عمل میں لائے گی۔ جملہ متعلقین کو مطلع کیا جاتا ہے کہ مقررہ تاریخ پر صبح 8 بجے بذات خود یا بذریعہ وکیل عدالت ہذا میں حاضر ہوں بصورت دیگر مقدمہ کی سماعت یکطرفہ عمل میں لائی جائے گی۔

بعدالت جناب سول جج صاحب حیدرآباد میں مقدمہ زیر سماعت ہے جس میں مدعی کی جانب سے درخواست دائر کی گئی ہے کہ مدعا علیہ کو عدالت میں حاضر ہونے کا حکم دیا جائے بصورت دیگر عدالت یکطرفہ کارروائی عمل میں لائے گی۔ جملہ متعلقین کو مطلع کیا جاتا ہے کہ مقررہ تاریخ پر صبح 8 بجے بذات خود یا بذریعہ وکیل عدالت ہذا میں حاضر ہوں بصورت دیگر مقدمہ کی سماعت یکطرفہ عمل میں لائی جائے گی۔

بعدالت جناب سول جج صاحب حیدرآباد میں مقدمہ زیر سماعت ہے جس میں مدعی کی جانب سے درخواست دائر کی گئی ہے کہ مدعا علیہ کو عدالت میں حاضر ہونے کا حکم دیا جائے بصورت دیگر عدالت یکطرفہ کارروائی عمل میں لائے گی۔ جملہ متعلقین کو مطلع کیا جاتا ہے کہ مقررہ تاریخ پر صبح 8 بجے بذات خود یا بذریعہ وکیل عدالت ہذا میں حاضر ہوں بصورت دیگر مقدمہ کی سماعت یکطرفہ عمل میں لائی جائے گی۔

بعدالت جناب سول جج صاحب حیدرآباد میں مقدمہ زیر سماعت ہے جس میں مدعی کی جانب سے درخواست دائر کی گئی ہے کہ مدعا علیہ کو عدالت میں حاضر ہونے کا حکم دیا جائے بصورت دیگر عدالت یکطرفہ کارروائی عمل میں لائے گی۔ جملہ متعلقین کو مطلع کیا جاتا ہے کہ مقررہ تاریخ پر صبح 8 بجے بذات خود یا بذریعہ وکیل عدالت ہذا میں حاضر ہوں بصورت دیگر مقدمہ کی سماعت یکطرفہ عمل میں لائی جائے گی۔

بعدالت جناب سول جج صاحب حیدرآباد میں مقدمہ زیر سماعت ہے جس میں مدعی کی جانب سے درخواست دائر کی گئی ہے کہ مدعا علیہ کو عدالت میں حاضر ہونے کا حکم دیا جائے بصورت دیگر عدالت یکطرفہ کارروائی عمل میں لائے گی۔ جملہ متعلقین کو مطلع کیا جاتا ہے کہ مقررہ تاریخ پر صبح 8 بجے بذات خود یا بذریعہ وکیل عدالت ہذا میں حاضر ہوں بصورت دیگر مقدمہ کی سماعت یکطرفہ عمل میں لائی جائے گی۔

جیئر 13
گواہ کا بیان

بعدالت جناب سول جج صاحب حیدرآباد میں مقدمہ زیر سماعت ہے جس میں مدعی کی جانب سے درخواست دائر کی گئی ہے کہ مدعا علیہ کو عدالت میں حاضر ہونے کا حکم دیا جائے بصورت دیگر عدالت یکطرفہ کارروائی عمل میں لائے گی۔ جملہ متعلقین کو مطلع کیا جاتا ہے کہ مقررہ تاریخ پر صبح 8 بجے بذات خود یا بذریعہ وکیل عدالت ہذا میں حاضر ہوں بصورت دیگر مقدمہ کی سماعت یکطرفہ عمل میں لائی جائے گی۔

بعدالت جناب سول جج صاحب حیدرآباد میں مقدمہ زیر سماعت ہے جس میں مدعی کی جانب سے درخواست دائر کی گئی ہے کہ مدعا علیہ کو عدالت میں حاضر ہونے کا حکم دیا جائے بصورت دیگر عدالت یکطرفہ کارروائی عمل میں لائے گی۔ جملہ متعلقین کو مطلع کیا جاتا ہے کہ مقررہ تاریخ پر صبح 8 بجے بذات خود یا بذریعہ وکیل عدالت ہذا میں حاضر ہوں بصورت دیگر مقدمہ کی سماعت یکطرفہ عمل میں لائی جائے گی۔

بعدالت جناب سول جج صاحب حیدرآباد میں مقدمہ زیر سماعت ہے جس میں مدعی کی جانب سے درخواست دائر کی گئی ہے کہ مدعا علیہ کو عدالت میں حاضر ہونے کا حکم دیا جائے بصورت دیگر عدالت یکطرفہ کارروائی عمل میں لائے گی۔ جملہ متعلقین کو مطلع کیا جاتا ہے کہ مقررہ تاریخ پر صبح 8 بجے بذات خود یا بذریعہ وکیل عدالت ہذا میں حاضر ہوں بصورت دیگر مقدمہ کی سماعت یکطرفہ عمل میں لائی جائے گی۔

بعدالت جناب سول جج صاحب حیدرآباد میں مقدمہ زیر سماعت ہے جس میں مدعی کی جانب سے درخواست دائر کی گئی ہے کہ مدعا علیہ کو عدالت میں حاضر ہونے کا حکم دیا جائے بصورت دیگر عدالت یکطرفہ کارروائی عمل میں لائے گی۔ جملہ متعلقین کو مطلع کیا جاتا ہے کہ مقررہ تاریخ پر صبح 8 بجے بذات خود یا بذریعہ وکیل عدالت ہذا میں حاضر ہوں بصورت دیگر مقدمہ کی سماعت یکطرفہ عمل میں لائی جائے گی۔

بعدالت جناب سول جج صاحب حیدرآباد میں مقدمہ زیر سماعت ہے جس میں مدعی کی جانب سے درخواست دائر کی گئی ہے کہ مدعا علیہ کو عدالت میں حاضر ہونے کا حکم دیا جائے بصورت دیگر عدالت یکطرفہ کارروائی عمل میں لائے گی۔ جملہ متعلقین کو مطلع کیا جاتا ہے کہ مقررہ تاریخ پر صبح 8 بجے بذات خود یا بذریعہ وکیل عدالت ہذا میں حاضر ہوں بصورت دیگر مقدمہ کی سماعت یکطرفہ عمل میں لائی جائے گی۔

بعدالت جناب سول جج صاحب حیدرآباد میں مقدمہ زیر سماعت ہے جس میں مدعی کی جانب سے درخواست دائر کی گئی ہے کہ مدعا علیہ کو عدالت میں حاضر ہونے کا حکم دیا جائے بصورت دیگر عدالت یکطرفہ کارروائی عمل میں لائے گی۔ جملہ متعلقین کو مطلع کیا جاتا ہے کہ مقررہ تاریخ پر صبح 8 بجے بذات خود یا بذریعہ وکیل عدالت ہذا میں حاضر ہوں بصورت دیگر مقدمہ کی سماعت یکطرفہ عمل میں لائی جائے گی۔

جیئر 14
نوٹس اشتہار

بعدالت جناب سول جج صاحب حیدرآباد میں مقدمہ زیر سماعت ہے جس میں مدعی کی جانب سے درخواست دائر کی گئی ہے کہ مدعا علیہ کو عدالت میں حاضر ہونے کا حکم دیا جائے بصورت دیگر عدالت یکطرفہ کارروائی عمل میں لائے گی۔ جملہ متعلقین کو مطلع کیا جاتا ہے کہ مقررہ تاریخ پر صبح 8 بجے بذات خود یا بذریعہ وکیل عدالت ہذا میں حاضر ہوں بصورت دیگر مقدمہ کی سماعت یکطرفہ عمل میں لائی جائے گی۔

بعدالت جناب سول جج صاحب حیدرآباد میں مقدمہ زیر سماعت ہے جس میں مدعی کی جانب سے درخواست دائر کی گئی ہے کہ مدعا علیہ کو عدالت میں حاضر ہونے کا حکم دیا جائے بصورت دیگر عدالت یکطرفہ کارروائی عمل میں لائے گی۔ جملہ متعلقین کو مطلع کیا جاتا ہے کہ مقررہ تاریخ پر صبح 8 بجے بذات خود یا بذریعہ وکیل عدالت ہذا میں حاضر ہوں بصورت دیگر مقدمہ کی سماعت یکطرفہ عمل میں لائی جائے گی۔

بعدالت جناب سول جج صاحب حیدرآباد میں مقدمہ زیر سماعت ہے جس میں مدعی کی جانب سے درخواست دائر کی گئی ہے کہ مدعا علیہ کو عدالت میں حاضر ہونے کا حکم دیا جائے بصورت دیگر عدالت یکطرفہ کارروائی عمل میں لائے گی۔ جملہ متعلقین کو مطلع کیا جاتا ہے کہ مقررہ تاریخ پر صبح 8 بجے بذات خود یا بذریعہ وکیل عدالت ہذا میں حاضر ہوں بصورت دیگر مقدمہ کی سماعت یکطرفہ عمل میں لائی جائے گی۔

بعدالت جناب سول جج صاحب حیدرآباد میں مقدمہ زیر سماعت ہے جس میں مدعی کی جانب سے درخواست دائر کی گئی ہے کہ مدعا علیہ کو عدالت میں حاضر ہونے کا حکم دیا جائے بصورت دیگر عدالت یکطرفہ کارروائی عمل میں لائے گی۔ جملہ متعلقین کو مطلع کیا جاتا ہے کہ مقررہ تاریخ پر صبح 8 بجے بذات خود یا بذریعہ وکیل عدالت ہذا میں حاضر ہوں بصورت دیگر مقدمہ کی سماعت یکطرفہ عمل میں لائی جائے گی۔

بعدالت جناب سول جج صاحب حیدرآباد میں مقدمہ زیر سماعت ہے جس میں مدعی کی جانب سے درخواست دائر کی گئی ہے کہ مدعا علیہ کو عدالت میں حاضر ہونے کا حکم دیا جائے بصورت دیگر عدالت یکطرفہ کارروائی عمل میں لائے گی۔ جملہ متعلقین کو مطلع کیا جاتا ہے کہ مقررہ تاریخ پر صبح 8 بجے بذات خود یا بذریعہ وکیل عدالت ہذا میں حاضر ہوں بصورت دیگر مقدمہ کی سماعت یکطرفہ عمل میں لائی جائے گی۔

بعدالت جناب سول جج صاحب حیدرآباد میں مقدمہ زیر سماعت ہے جس میں مدعی کی جانب سے درخواست دائر کی گئی ہے کہ مدعا علیہ کو عدالت میں حاضر ہونے کا حکم دیا جائے بصورت دیگر عدالت یکطرفہ کارروائی عمل میں لائے گی۔ جملہ متعلقین کو مطلع کیا جاتا ہے کہ مقررہ تاریخ پر صبح 8 بجے بذات خود یا بذریعہ وکیل عدالت ہذا میں حاضر ہوں بصورت دیگر مقدمہ کی سماعت یکطرفہ عمل میں لائی جائے گی۔

جیئر 15
ملالہ فتح

بعدالت جناب سول جج صاحب حیدرآباد میں مقدمہ زیر سماعت ہے جس میں مدعی کی جانب سے درخواست دائر کی گئی ہے کہ مدعا علیہ کو عدالت میں حاضر ہونے کا حکم دیا جائے بصورت دیگر عدالت یکطرفہ کارروائی عمل میں لائے گی۔ جملہ متعلقین کو مطلع کیا جاتا ہے کہ مقررہ تاریخ پر صبح 8 بجے بذات خود یا بذریعہ وکیل عدالت ہذا میں حاضر ہوں بصورت دیگر مقدمہ کی سماعت یکطرفہ عمل میں لائی جائے گی۔

بعدالت جناب سول جج صاحب حیدرآباد میں مقدمہ زیر سماعت ہے جس میں مدعی کی جانب سے درخواست دائر کی گئی ہے کہ مدعا علیہ کو عدالت میں حاضر ہونے کا حکم دیا جائے بصورت دیگر عدالت یکطرفہ کارروائی عمل میں لائے گی۔ جملہ متعلقین کو مطلع کیا جاتا ہے کہ مقررہ تاریخ پر صبح 8 بجے بذات خود یا بذریعہ وکیل عدالت ہذا میں حاضر ہوں بصورت دیگر مقدمہ کی سماعت یکطرفہ عمل میں لائی جائے گی۔

بعدالت جناب سول جج صاحب حیدرآباد میں مقدمہ زیر سماعت ہے جس میں مدعی کی جانب سے درخواست دائر کی گئی ہے کہ مدعا علیہ کو عدالت میں حاضر ہونے کا حکم دیا جائے بصورت دیگر عدالت یکطرفہ کارروائی عمل میں لائے گی۔ جملہ متعلقین کو مطلع کیا جاتا ہے کہ مقررہ تاریخ پر صبح 8 بجے بذات خود یا بذریعہ وکیل عدالت ہذا میں حاضر ہوں بصورت دیگر مقدمہ کی سماعت یکطرفہ عمل میں لائی جائے گی۔

بعدالت جناب سول جج صاحب حیدرآباد میں مقدمہ زیر سماعت ہے جس میں مدعی کی جانب سے درخواست دائر کی گئی ہے کہ مدعا علیہ کو عدالت میں حاضر ہونے کا حکم دیا جائے بصورت دیگر عدالت یکطرفہ کارروائی عمل میں لائے گی۔ جملہ متعلقین کو مطلع کیا جاتا ہے کہ مقررہ تاریخ پر صبح 8 بجے بذات خود یا بذریعہ وکیل عدالت ہذا میں حاضر ہوں بصورت دیگر مقدمہ کی سماعت یکطرفہ عمل میں لائی جائے گی۔

بعدالت جناب سول جج صاحب حیدرآباد میں مقدمہ زیر سماعت ہے جس میں مدعی کی جانب سے درخواست دائر کی گئی ہے کہ مدعا علیہ کو عدالت میں حاضر ہونے کا حکم دیا جائے بصورت دیگر عدالت یکطرفہ کارروائی عمل میں لائے گی۔ جملہ متعلقین کو مطلع کیا جاتا ہے کہ مقررہ تاریخ پر صبح 8 بجے بذات خود یا بذریعہ وکیل عدالت ہذا میں حاضر ہوں بصورت دیگر مقدمہ کی سماعت یکطرفہ عمل میں لائی جائے گی۔

بعدالت جناب سول جج صاحب حیدرآباد میں مقدمہ زیر سماعت ہے جس میں مدعی کی جانب سے درخواست دائر کی گئی ہے کہ مدعا علیہ کو عدالت میں حاضر ہونے کا حکم دیا جائے بصورت دیگر عدالت یکطرفہ کارروائی عمل میں لائے گی۔ جملہ متعلقین کو مطلع کیا جاتا ہے کہ مقررہ تاریخ پر صبح 8 بجے بذات خود یا بذریعہ وکیل عدالت ہذا میں حاضر ہوں بصورت دیگر مقدمہ کی سماعت یکطرفہ عمل میں لائی جائے گی۔

جیئر 16
مقابلہ

بعدالت جناب سول جج صاحب حیدرآباد میں مقدمہ زیر سماعت ہے جس میں مدعی کی جانب سے درخواست دائر کی گئی ہے کہ مدعا علیہ کو عدالت میں حاضر ہونے کا حکم دیا جائے بصورت دیگر عدالت یکطرفہ کارروائی عمل میں لائے گی۔ جملہ متعلقین کو مطلع کیا جاتا ہے کہ مقررہ تاریخ پر صبح 8 بجے بذات خود یا بذریعہ وکیل عدالت ہذا میں حاضر ہوں بصورت دیگر مقدمہ کی سماعت یکطرفہ عمل میں لائی جائے گی۔

بعدالت جناب سول جج صاحب حیدرآباد میں مقدمہ زیر سماعت ہے جس میں مدعی کی جانب سے درخواست دائر کی گئی ہے کہ مدعا علیہ کو عدالت میں حاضر ہونے کا حکم دیا جائے بصورت دیگر عدالت یکطرفہ کارروائی عمل میں لائے گی۔ جملہ متعلقین کو مطلع کیا جاتا ہے کہ مقررہ تاریخ پر صبح 8 بجے بذات خود یا بذریعہ وکیل عدالت ہذا میں حاضر ہوں بصورت دیگر مقدمہ کی سماعت یکطرفہ عمل میں لائی جائے گی۔

بعدالت جناب سول جج صاحب حیدرآباد میں مقدمہ زیر سماعت ہے جس میں مدعی کی جانب سے درخواست دائر کی گئی ہے کہ مدعا علیہ کو عدالت میں حاضر ہونے کا حکم دیا جائے بصورت دیگر عدالت یکطرفہ کارروائی عمل میں لائے گی۔ جملہ متعلقین کو مطلع کیا جاتا ہے کہ مقررہ تاریخ پر صبح 8 بجے بذات خود یا بذریعہ وکیل عدالت ہذا میں حاضر ہوں بصورت دیگر مقدمہ کی سماعت یکطرفہ عمل میں لائی جائے گی۔

بعدالت جناب سول جج صاحب حیدرآباد میں مقدمہ زیر سماعت ہے جس میں مدعی کی جانب سے درخواست دائر کی گئی ہے کہ مدعا علیہ کو عدالت میں حاضر ہونے کا حکم دیا جائے بصورت دیگر عدالت یکطرفہ کارروائی عمل میں لائے گی۔ جملہ متعلقین کو مطلع کیا جاتا ہے کہ مقررہ تاریخ پر صبح 8 بجے بذات خود یا بذریعہ وکیل عدالت ہذا میں حاضر ہوں بصورت دیگر مقدمہ کی سماعت یکطرفہ عمل میں لائی جائے گی۔

بعدالت جناب سول جج صاحب حیدرآباد میں مقدمہ زیر سماعت ہے جس میں مدعی کی جانب سے درخواست دائر کی گئی ہے کہ مدعا علیہ کو عدالت میں حاضر ہونے کا حکم دیا جائے بصورت دیگر عدالت یکطرفہ کارروائی عمل میں لائے گی۔ جملہ متعلقین کو مطلع کیا جاتا ہے کہ مقررہ تاریخ پر صبح 8 بجے بذات خود یا بذریعہ وکیل عدالت ہذا میں حاضر ہوں بصورت دیگر مقدمہ کی سماعت یکطرفہ عمل میں لائی جائے گی۔

بعدالت جناب سول جج صاحب حیدرآباد میں مقدمہ زیر سماعت ہے جس میں مدعی کی جانب سے درخواست دائر کی گئی ہے کہ مدعا علیہ کو عدالت میں حاضر ہونے کا حکم دیا جائے بصورت دیگر عدالت یکطرفہ کارروائی عمل میں لائے گی۔ جملہ متعلقین کو مطلع کیا جاتا ہے کہ مقررہ تاریخ پر صبح 8 بجے بذات خود یا بذریعہ وکیل عدالت ہذا میں حاضر ہوں بصورت دیگر مقدمہ کی سماعت یکطرفہ عمل میں لائی جائے گی۔

جیئر 17
مالک

بعدالت جناب سول جج صاحب حیدرآباد میں مقدمہ زیر سماعت ہے جس میں مدعی کی جانب سے درخواست دائر کی گئی ہے کہ مدعا علیہ کو عدالت میں حاضر ہونے کا حکم دیا جائے بصورت دیگر عدالت یکطرفہ کارروائی عمل میں لائے گی۔ جملہ متعلقین کو مطلع کیا جاتا ہے کہ مقررہ تاریخ پر صبح 8 بجے بذات خود یا بذریعہ وکیل عدالت ہذا میں حاضر ہوں بصورت دیگر مقدمہ کی سماعت یکطرفہ عمل میں لائی جائے گی۔

بعدالت جناب سول جج صاحب حیدرآباد میں مقدمہ زیر سماعت ہے جس میں مدعی کی جانب سے درخواست دائر کی گئی ہے کہ مدعا علیہ کو عدالت میں حاضر ہونے کا حکم دیا جائے بصورت دیگر عدالت یکطرفہ کارروائی عمل میں لائے گی۔ جملہ متعلقین کو مطلع کیا جاتا ہے کہ مقررہ تاریخ پر صبح 8 بجے بذات خود یا بذریعہ وکیل عدالت ہذا میں حاضر ہوں بصورت دیگر مقدمہ کی سماعت یکطرفہ عمل میں لائی جائے گی۔

بعدالت جناب سول جج صاحب حیدرآباد میں مقدمہ زیر سماعت ہے جس میں مدعی کی جانب سے درخواست دائر کی گئی ہے کہ مدعا علیہ کو عدالت میں حاضر ہونے کا حکم دیا جائے بصورت دیگر عدالت یکطرفہ کارروائی عمل میں لائے گی۔ جملہ متعلقین کو مطلع کیا جاتا ہے کہ مقررہ تاریخ پر صبح 8 بجے بذات خود یا بذریعہ وکیل عدالت ہذا میں حاضر ہوں بصورت دیگر مقدمہ کی سماعت یکطرفہ عمل میں لائی جائے گی۔

بعدالت جناب سول جج صاحب حیدرآباد میں مقدمہ زیر سماعت ہے جس میں مدعی کی جانب سے درخواست دائر کی گئی ہے کہ مدعا علیہ کو عدالت میں حاضر ہونے کا حکم دیا جائے بصورت دیگر عدالت یکطرفہ کارروائی عمل میں لائے گی۔ جملہ متعلقین کو مطلع کیا جاتا ہے کہ مقررہ تاریخ پر صبح 8 بجے بذات خود یا بذریعہ وکیل عدالت ہذا میں حاضر ہوں بصورت دیگر مقدمہ کی سماعت یکطرفہ عمل میں لائی جائے گی۔

بعدالت جناب سول جج صاحب حیدرآباد میں مقدمہ زیر سماعت ہے جس میں مدعی کی جانب سے درخواست دائر کی گئی ہے کہ مدعا علیہ کو عدالت میں حاضر ہونے کا حکم دیا جائے بصورت دیگر عدالت یکطرفہ کارروائی عمل میں لائے گی۔ جملہ متعلقین کو مطلع کیا جاتا ہے کہ مقررہ تاریخ پر صبح 8 بجے بذات خود یا بذریعہ وکیل عدالت ہذا میں حاضر ہوں بصورت دیگر مقدمہ کی سماعت یکطرفہ عمل میں لائی جائے گی۔

بعدالت جناب سول جج صاحب حیدرآباد میں مقدمہ زیر سماعت ہے جس میں مدعی کی جانب سے درخواست دائر کی گئی ہے کہ مدعا علیہ کو عدالت میں حاضر ہونے کا حکم دیا جائے بصورت دیگر عدالت یکطرفہ کارروائی عمل میں لائے گی۔ جملہ متعلقین کو مطلع کیا جاتا ہے کہ مقررہ تاریخ پر صبح 8 بجے بذات خود یا بذریعہ وکیل عدالت ہذا میں حاضر ہوں بصورت دیگر مقدمہ کی سماعت یکطرفہ عمل میں لائی جائے گی۔

جیئر 18
تحقیقات

بعدالت جناب سول جج صاحب حیدرآباد میں مقدمہ زیر سماعت ہے جس میں مدعی کی جانب سے درخواست دائر کی گئی ہے کہ مدعا علیہ کو عدالت میں حاضر ہونے کا حکم دیا جائے بصورت دیگر عدالت یکطرفہ کارروائی عمل میں لائے گی۔ جملہ متعلقین کو مطلع کیا جاتا ہے کہ مقررہ تاریخ پر صبح 8 بجے بذات خود یا بذریعہ وکیل عدالت ہذا میں حاضر ہوں بصورت دیگر مقدمہ کی سماعت یکطرفہ عمل میں لائی جائے گی۔

بعدالت جناب سول جج صاحب حیدرآباد میں مقدمہ زیر سماعت ہے جس میں مدعی کی جانب سے درخواست دائر کی گئی ہے کہ مدعا علیہ کو عدالت میں حاضر ہونے کا حکم دیا جائے بصورت دیگر عدالت یکطرفہ کارروائی عمل میں لائے گی۔ جملہ متعلقین کو مطلع کیا جاتا ہے کہ مقررہ تاریخ پر صبح 8 بجے بذات خود یا بذریعہ وکیل عدالت ہذا میں حاضر ہوں بصورت دیگر مقدمہ کی سماعت یکطرفہ عمل میں لائی جائے گی۔

بعدالت جناب سول جج صاحب حیدرآباد میں مقدمہ زیر سماعت ہے جس میں مدعی کی جانب سے درخواست دائر کی گئی ہے کہ مدعا علیہ کو عدالت میں حاضر ہونے کا حکم دیا جائے بصورت دیگر عدالت یکطرفہ کارروائی عمل میں لائے گی۔ جملہ متعلقین کو مطلع کیا جاتا ہے کہ مقررہ تاریخ پر صبح 8 بجے بذات خود یا بذریعہ وکیل عدالت ہذا میں حاضر ہوں بصورت دیگر مقدمہ کی سماعت یکطرفہ عمل میں لائی جائے گی۔

بعدالت جناب سول جج صاحب حیدرآباد میں مقدمہ زیر سماعت ہے جس میں مدعی کی جانب سے درخواست دائر کی گئی ہے کہ مدعا علیہ کو عدالت میں حاضر ہونے کا حکم دیا جائے بصورت دیگر عدالت یکطرفہ کارروائی عمل میں لائے گی۔ جملہ متعلقین کو مطلع کیا جاتا ہے کہ مقررہ تاریخ پر صبح 8 بجے بذات خود یا بذریعہ وکیل عدالت ہذا میں حاضر ہوں بصورت دیگر مقدمہ کی سماعت یکطرفہ عمل میں لائی جائے گی۔

بعدالت جناب سول جج صاحب حیدرآباد میں مقدمہ زیر سماعت ہے جس میں مدعی کی جانب سے درخواست دائر کی گئی ہے کہ مدعا علیہ کو عدالت میں حاضر ہونے کا حکم دیا جائے بصورت دیگر عدالت یکطرفہ کارروائی عمل میں لائے گی۔ جملہ متعلقین کو مطلع کیا جاتا ہے کہ مقررہ تاریخ پر صبح 8 بجے بذات خود یا بذریعہ وکیل عدالت ہذا میں حاضر ہوں بصورت دیگر مقدمہ کی سماعت یکطرفہ عمل میں لائی جائے گی۔

بعدالت جناب سول جج صاحب حیدرآباد میں مقدمہ زیر سماعت ہے جس میں مدعی کی جانب سے درخواست دائر کی گئی ہے کہ مدعا علیہ کو عدالت میں حاضر ہونے کا حکم دیا جائے بصورت دیگر عدالت یکطرفہ کارروائی عمل میں لائے گی۔ جملہ متعلقین کو مطلع کیا جاتا ہے کہ مقررہ تاریخ پر صبح 8 بجے بذات خود یا بذریعہ وکیل عدالت ہذا میں حاضر ہوں بصورت دیگر مقدمہ کی سماعت یکطرفہ عمل میں لائی جائے گی۔

جیئر 19
مالک

بعدالت جناب سول جج صاحب حیدرآباد میں مقدمہ زیر سماعت ہے جس میں مدعی کی جانب سے درخواست دائر کی گئی ہے کہ مدعا علیہ کو عدالت میں حاضر ہونے کا حکم دیا جائے بصورت دیگر عدالت یکطرفہ کارروائی عمل میں لائے گی۔ جملہ متعلقین کو مطلع کیا جاتا ہے کہ مقررہ تاریخ پر صبح 8 بجے بذات خود یا بذریعہ وکیل عدالت ہذا میں حاضر ہوں بصورت دیگر مقدمہ کی سماعت یکطرفہ عمل میں لائی جائے گی۔

بعدالت جناب سول جج صاحب حیدرآباد میں مقدمہ زیر سماعت ہے جس میں مدعی کی جانب سے درخواست دائر کی گئی ہے کہ مدعا علیہ کو عدالت میں حاضر ہونے کا حکم دیا جائے بصورت دیگر عدالت یکطرفہ کارروائی عمل میں لائے گی۔ جملہ متعلقین کو مطلع کیا جاتا ہے کہ مقررہ تاریخ پر صبح 8 بجے بذات خود یا بذریعہ وکیل عدالت ہذا میں حاضر ہوں بصورت دیگر مقدمہ کی سماعت یکطرفہ عمل میں لائی جائے گی۔

بعدالت جناب سول جج صاحب حیدرآباد میں مقدمہ زیر سماعت ہے جس میں مدعی کی جانب سے درخواست دائر کی گئی ہے کہ مدعا علیہ کو عدالت میں حاضر ہونے کا حکم دیا جائے بصورت دیگر عدالت یکطرفہ کارروائی عمل میں لائے گی۔ جملہ متعلقین کو مطلع کیا جاتا ہے کہ مقررہ تاریخ پر صبح 8 بجے بذات خود یا بذریعہ وکیل عدالت ہذا میں حاضر ہوں بصورت دیگر مقدمہ کی سماعت یکطرفہ عمل میں لائی جائے گی۔

بعدالت جناب سول جج صاحب حیدرآباد میں مقدمہ زیر سماعت ہے جس میں مدعی کی جانب سے درخواست دائر کی گئی ہے کہ مدعا علیہ کو عدالت میں حاضر ہونے کا حکم دیا جائے بصورت دیگر عدالت یکطرفہ کارروائی عمل میں لائے گی۔ جملہ متعلقین کو مطلع کیا جاتا ہے کہ مقررہ تاریخ پر صبح 8 بجے بذات خود یا بذریعہ وکیل عدالت ہذا میں حاضر ہوں بصورت دیگر مقدمہ کی سماعت یکطرفہ عمل میں لائی جائے گی۔

بعدالت جناب سول جج صاحب حیدرآباد میں مقدمہ زیر سماعت ہے جس میں مدعی کی جانب سے درخواست دائر کی گئی ہے کہ مدعا علیہ کو عدالت میں حاضر ہونے کا حکم دیا جائے بصورت دیگر عدالت یکطرفہ کارروائی عمل میں لائے گی۔ جملہ متعلقین کو مطلع کیا جاتا ہے کہ مقررہ تاریخ پر صبح 8 بجے بذات خود یا بذریعہ وکیل عدالت ہذا میں حاضر ہوں بصورت دیگر مقدمہ کی سماعت یکطرفہ عمل میں لائی جائے گی۔

بعدالت جناب سول جج صاحب حیدرآباد میں مقدمہ زیر سماعت ہے جس میں مدعی کی جانب سے درخواست دائر کی گئی ہے کہ مدعا علیہ کو عدالت میں حاضر ہونے کا حکم دیا جائے بصورت دیگر عدالت یکطرفہ کارروائی عمل میں لائے گی۔ جملہ متعلقین کو مطلع کیا جاتا ہے کہ مقررہ تاریخ پر صبح 8 بجے بذات خود یا بذریعہ وکیل عدالت ہذا میں حاضر ہوں بصورت دیگر مقدمہ کی سماعت یکطرفہ عمل میں لائی جائے گی۔

جیئر 20
مکان

بعدالت جناب سول جج صاحب حیدرآباد میں مقدمہ زیر سماعت ہے جس میں مدعی کی جانب سے درخواست دائر کی گئی ہے کہ مدعا علیہ کو عدالت میں حاضر ہونے کا حکم دیا جائے بصورت دیگر عدالت یکطرفہ کارروائی عمل میں لائے گی۔ جملہ متعلقین کو مطلع کیا جاتا ہے کہ مقررہ تاریخ پر صبح 8 بجے بذات خود یا بذریعہ وکیل عدالت ہذا میں حاضر ہوں بصورت دیگر مقدمہ کی سماعت یکطرفہ عمل میں لائی جائے گی۔

بعدالت جناب سول جج صاحب حیدرآباد میں مقدمہ زیر سماعت ہے جس میں مدعی کی جانب سے درخواست دائر کی گئی ہے کہ مدعا علیہ کو عدالت میں حاضر ہونے کا حکم دیا جائے بصورت دیگر عدالت یکطرفہ کارروائی عمل میں لائے گی۔ جملہ متعلقین کو مطلع کیا جاتا ہے کہ مقررہ تاریخ پر صبح 8 بجے بذات خود یا بذریعہ وکیل عدالت ہذا میں حاضر ہوں بصورت دیگر مقدمہ کی سماعت یکطرفہ عمل میں لائی جائے گی۔

بعدالت جناب سول جج صاحب حیدرآباد میں مقدمہ زیر سماعت ہے جس میں مدعی کی جانب سے درخواست دائر کی گئی ہے کہ مدعا علیہ کو عدالت میں حاضر ہونے کا حکم دیا جائے بصورت دیگر عدالت یکطرفہ کارروائی عمل میں لائے گی۔ جملہ متعلقین کو مطلع کیا جاتا ہے کہ مقررہ تاریخ پر صبح 8 بجے بذات خود یا بذریعہ وکیل عدالت ہذا میں حاضر ہوں بصورت دیگر مقدمہ کی سماعت یکطرفہ عمل میں لائی جائے گی۔

بعدالت جناب سول جج صاحب حیدرآباد میں مقدمہ زیر سماعت ہے جس میں مدعی کی جانب سے درخواست دائر کی گئی ہے کہ مدعا علیہ کو عدالت میں حاضر ہونے کا حکم دیا جائے بصورت دیگر عدالت یکطرفہ کارروائی عمل میں لائے گی۔ جملہ متعلقین کو مطلع کیا جاتا ہے کہ مقررہ تاریخ پر صبح 8 بجے بذات خود یا بذریعہ وکیل عدالت ہذا میں حاضر ہوں بصورت دیگر مقدمہ کی سماعت یکطرفہ عمل میں لائی جائے گی۔

بعدالت جناب سول جج صاحب حیدرآباد میں مقدمہ زیر سماعت ہے جس میں مدعی کی جانب سے درخواست دائر کی گئی ہے کہ مدعا علیہ کو عدالت میں حاضر ہونے کا حکم دیا جائے بصورت دیگر عدالت یکطرفہ کارروائی عمل میں لائے گی۔ جملہ متعلقین کو مطلع کیا جاتا ہے کہ مقررہ تاریخ پر صبح 8 بجے بذات خود یا بذریعہ وکیل عدالت ہذا میں حاضر ہوں بصورت دیگر مقدمہ کی سماعت یکطرفہ عمل میں لائی جائے گی۔

بعدالت جناب سول جج صاحب حیدرآباد میں مقدمہ زیر سماعت ہے جس میں مدعی کی جانب سے درخواست دائر کی گئی ہے کہ مدعا علیہ کو عدالت میں حاضر ہونے کا حکم دیا جائے بصورت دیگر عدالت یکطرفہ کارروائی عمل میں لائے گی۔ جملہ متعلقین کو مطلع کیا جاتا ہے کہ مقررہ تاریخ پر صبح 8 بجے بذات خود یا بذریعہ وکیل عدالت ہذا میں حاضر ہوں بصورت دیگر مقدمہ کی سماعت یکطرفہ عمل میں لائی جائے گی۔

جیئر 21
امداد

بعدالت جناب سول جج صاحب حیدرآباد میں مقدمہ زیر سماعت ہے جس میں مدعی کی جانب سے درخواست دائر کی گئی ہے کہ مدعا علیہ کو عدالت میں حاضر ہونے کا حکم دیا جائے بصورت دیگر عدالت یکطرفہ کارروائی عمل میں لائے گی۔ جملہ متعلقین کو مطلع کیا جاتا ہے کہ مقررہ تاریخ پر صبح 8 بجے بذات خود یا بذریعہ وکیل عدالت ہذا میں حاضر ہوں بصورت دیگر مقدمہ کی سماعت یکطرفہ عمل میں لائی جائے گی۔

بعدالت جناب سول جج صاحب حیدرآباد میں مقدمہ زیر سماعت ہے جس میں مدعی کی جانب سے درخواست دائر کی گئی ہے کہ مدعا علیہ کو عدالت میں حاضر ہونے کا حکم دیا جائے بصورت دیگر عدالت یکطرفہ کارروائی عمل میں لائے گی۔ جملہ متعلقین کو مطلع کیا جاتا ہے کہ مقررہ تاریخ پر صبح 8 بجے بذات خود یا بذریعہ وکیل عدالت ہذا میں حاضر ہوں بصورت دیگر مقدمہ کی سماعت یکطرفہ عمل میں لائی جائے گی۔

بعدالت جناب سول جج صاحب حیدرآباد میں مقدمہ زیر سماعت ہے جس میں مدعی کی جانب سے درخواست دائر کی گئی ہے کہ مدعا علیہ کو عدالت میں حاضر ہونے کا حکم دیا جائے بصورت دیگر عدالت یکطرفہ کارروائی عمل میں لائے گی۔ جملہ متعلقین کو مطلع کیا جاتا ہے کہ مقررہ تاریخ پر صبح 8 بجے بذات خود یا بذریعہ وکیل عدالت ہذا میں حاضر ہوں بصورت دیگر مقدمہ کی سماعت یکطرفہ عمل میں لائی جائے گی۔

بعدالت جناب سول جج صاحب حیدرآباد میں مقدمہ زیر سماعت ہے جس میں مدعی کی جانب سے درخواست دائر کی گئی ہے کہ مدعا علیہ کو عدالت میں حاضر ہونے کا حکم دیا جائے بصورت دیگر عدالت یکطرفہ کارروائی عمل میں لائے گی۔ جملہ متعلقین کو مطلع کیا جاتا ہے کہ مقررہ تاریخ پر صبح 8 بجے بذات خود یا بذریعہ وکیل عدالت ہذا میں حاضر ہوں بصورت دیگر مقدمہ کی سماعت یکطرفہ عمل میں لائی جائے گی۔

بعدالت جناب سول جج صاحب حیدرآباد میں مقدمہ زیر سماعت ہے جس میں مدعی کی جانب سے درخواست دائر کی گئی ہے کہ مدعا علیہ کو عدالت میں حاضر ہونے کا حکم دیا جائے بصورت دیگر عدالت یکطرفہ کارروائی عمل میں لائے گی۔ جملہ متعلقین کو مطلع کیا جاتا ہے کہ مقررہ تاریخ پر صبح 8 بجے بذات خود یا بذریعہ وکیل عدالت ہذا میں حاضر ہوں بصورت دیگر مقدمہ کی سماعت یکطرفہ عمل میں لائی جائے گی۔

بعدالت جناب سول جج صاحب حیدرآباد میں مقدمہ زیر سماعت ہے جس میں مدعی کی جانب سے درخواست دائر کی گئی ہے کہ مدعا علیہ کو عدالت میں حاضر ہونے کا حکم دیا جائے بصورت دیگر عدالت یکطرفہ کارروائی عمل میں لائے گی۔ جملہ متعلقین کو مطلع کیا جاتا ہے کہ مقررہ تاریخ پر صبح 8 بجے بذات خود یا بذریعہ وکیل عدالت ہذا میں حاضر ہوں بصورت دیگر مقدمہ کی سماعت یکطرفہ عمل میں لائی جائے گی۔

جیئر 22
اطلاعات

بعدالت جناب سول جج صاحب حیدرآباد میں مقدمہ زیر سماعت ہے جس میں مدعی کی جانب سے درخواست دائر کی گئی ہے کہ مدعا علیہ کو عدالت میں حاضر ہونے کا حکم دیا جائے بصورت دیگر عدالت یکطرفہ کارروائی عمل میں لائے گی۔ جملہ متعلقین کو مطلع کیا جاتا ہے کہ مقررہ تاریخ پر صبح 8 بجے بذات خود یا بذریعہ وکیل عدالت ہذا میں حاضر ہوں بصورت دیگر مقدمہ کی سماعت یکطرفہ عمل میں لائی جائے گی۔

بعدالت جناب سول جج صاحب حیدرآباد میں مقدمہ زیر سماعت ہے جس میں مدعی کی جانب سے درخواست دائر کی گئی ہے کہ مدعا علیہ کو عدالت میں حاضر ہونے کا حکم دیا جائے بصورت دیگر عدالت یکطرفہ کارروائی عمل میں لائے گی۔ جملہ متعلقین کو مطلع کیا جاتا ہے کہ مقررہ تاریخ پر صبح 8 بجے بذات خود یا بذریعہ وکیل عدالت ہذا میں حاضر ہوں بصورت دیگر مقدمہ کی سماعت یکطرفہ عمل میں لائی جائے گی۔

بعدالت جناب سول جج صاحب حیدرآباد میں مقدمہ زیر سماعت ہے جس میں مدعی کی جانب سے درخواست دائر کی گئی ہے کہ مدعا علیہ کو عدالت میں حاضر ہونے کا حکم دیا جائے بصورت دیگر عدالت یکطرفہ کارروائی عمل میں لائے گی۔ جملہ متعلقین کو مطلع کیا جاتا ہے کہ مقررہ تاریخ پر صبح 8 بجے بذات خود یا بذریعہ وکیل عدالت ہذا میں حاضر ہوں بصورت دیگر مقدمہ کی سماعت یکطرفہ عمل میں لائی جائے گی۔

بعدالت جناب سول جج صاحب حیدرآباد میں مقدمہ زیر سماعت ہے جس میں مدعی کی جانب سے درخواست دائر کی گئی ہے کہ مدعا علیہ کو عدالت میں حاضر ہونے کا حکم دیا جائے بصورت دیگر عدالت یکطرفہ کارروائی عمل میں لائے گی۔ جملہ متعلقین کو مطلع کیا جاتا ہے کہ مقررہ تاریخ پر صبح 8 بجے بذات خود یا بذریعہ وکیل عدالت ہذا میں حاضر ہوں بصورت دیگر مقدمہ کی سماعت یکطرفہ عمل میں لائی جائے گی۔

بعدالت جناب سول جج صاحب حیدرآباد میں مقدمہ زیر سماعت ہے جس میں مدعی کی جانب سے درخواست دائر کی گئی ہے کہ مدعا علیہ کو عدالت میں حاضر ہونے کا حکم دیا جائے بصورت دیگر عدالت یکطرفہ کارروائی عمل میں لائے گی۔ جملہ متعلقین کو مطلع کیا جاتا ہے کہ مقررہ تاریخ پر صبح 8 بجے بذات خود یا بذریعہ وکیل عدالت ہذا میں حاضر ہوں بصورت دیگر مقدمہ کی سماعت یکطرفہ عمل میں لائی جائے گی۔

بعدالت جناب سول جج صاحب حیدرآباد میں مقدمہ زیر سماعت ہے جس میں مدعی کی جانب سے درخواست دائر کی گئی ہے کہ مدعا علیہ کو عدالت میں حاضر ہونے کا حکم دیا جائے بصورت دیگر عدالت یکطرفہ کارروائی عمل میں لائے گی۔ جملہ متعلقین کو مطلع کیا جاتا ہے کہ مقررہ تاریخ پر صبح 8 بجے بذات خود یا بذریعہ وکیل عدالت ہذا میں حاضر ہوں بصورت دیگر مقدمہ کی سماعت یکطرفہ عمل میں لائی جائے گی۔

جیئر 23
تقسیم

بعدالت جناب سول جج صاحب حیدرآباد میں مقدمہ زیر سماعت ہے جس میں مدعی کی جانب سے درخواست دائر کی گئی ہے کہ مدعا علیہ کو عدالت میں حاضر ہونے کا حکم دیا جائے بصورت دیگر عدالت یکطرفہ کارروائی عمل میں لائے گی۔ جملہ متعلقین کو مطلع کیا جاتا ہے کہ مقررہ تاریخ پر صبح 8 بجے بذات خود یا بذریعہ وکیل عدالت ہذا میں حاضر ہوں بصورت دیگر مقدمہ کی سماعت یکطرفہ عمل میں لائی جائے گی۔

بعدالت جناب سول جج صاحب حیدرآباد میں مقدمہ زیر سماعت ہے جس میں مدعی کی جانب سے درخواست دائر کی گئی ہے کہ مدعا علیہ کو عدالت میں حاضر ہونے کا حکم دیا جائے بصورت دیگر عدالت یکطرفہ کارروائی عمل میں لائے گی۔ جملہ متعلقین کو مطلع کیا جاتا ہے کہ مقررہ تاریخ پر صبح 8 بجے بذات خود یا بذریعہ وکیل عدالت ہذا میں حاضر ہوں بصورت دیگر مقدمہ کی سماعت یکطرفہ عمل میں لائی جائے گی۔

بعدالت جناب سول جج صاحب حیدرآباد میں مقدمہ زیر سماعت ہے جس میں مدعی کی جانب سے درخواست دائر کی گئی ہے کہ مدعا علیہ کو عدالت میں حاضر ہونے کا حکم دیا جائے بصورت دیگر عدالت یکطرفہ کارروائی عمل میں لائے گی۔ جملہ متعلقین کو مطلع کیا جاتا ہے کہ مقررہ تاریخ پر صبح 8 بجے بذات خود یا بذریعہ وکیل عدالت ہذا میں حاضر ہوں بصورت دیگر مقدمہ کی سماعت یکطرفہ عمل میں لائی جائے گی۔

بعدالت جناب سول جج صاحب حیدرآباد میں مقدمہ زیر سماعت ہے جس میں مدعی کی جانب سے درخواست دائر کی گئی ہے کہ مدعا علیہ کو عدالت میں حاضر ہونے کا حکم دیا جائے بصورت دیگر عدالت یکطرفہ کارروائی عمل میں لائے گی۔ جملہ متعلقین کو مطلع کیا جاتا ہے کہ مقررہ تاریخ پر صبح 8 بجے بذات خود یا بذریعہ وکیل عدالت ہذا میں حاضر ہوں بصورت دیگر مقدمہ کی سماعت یکطرفہ عمل میں لائی جائے گی۔

بعدالت جناب سول جج صاحب حیدرآباد میں مقدمہ زیر سماعت ہے جس میں مدعی کی جانب سے درخواست دائر کی گئی ہے کہ مدعا علیہ کو عدالت میں حاضر ہونے کا حکم دیا جائے بصورت دیگر عدالت یکطرفہ کارروائی عمل میں لائے گی۔ جملہ متعلقین کو مطلع کیا جاتا ہے کہ مقررہ تاریخ پر صبح 8 بجے بذات خود یا بذریعہ وکیل عدالت ہذا میں حاضر ہوں بصورت دیگر مقدمہ کی سماعت یکطرفہ عمل میں لائی جائے گی۔

بعدالت جناب سول جج صاحب حیدرآباد میں مقدمہ زیر سماعت ہے جس میں مدعی کی جانب سے درخواست دائر کی گئی ہے کہ مدعا علیہ کو عدالت میں حاضر ہونے کا حکم دیا جائے بصورت دیگر عدالت یکطرفہ کارروائی عمل میں لائے گی۔ جملہ متعلقین کو مطلع کیا جاتا ہے کہ مقررہ تاریخ پر صبح 8 بجے بذات خود یا بذریعہ وکیل عدالت ہذا میں حاضر ہوں بصورت دیگر مقدمہ کی سماعت یکطرفہ عمل میں لائی جائے گی۔

جیئر 24
ملالہ

بعدالت جناب سول جج صاحب حیدرآباد میں مقدمہ زیر سماعت ہے جس میں مدعی کی جانب سے درخواست دائر کی گئی ہے کہ مدعا علیہ کو عدالت میں حاضر ہونے کا حکم دیا جائے بصورت دیگر عدالت یکطرفہ کارروائی عمل میں لائے گی۔ جملہ متعلقین کو مطلع کیا جاتا ہے کہ مقررہ تاریخ پر صبح 8 بجے بذات خود یا بذریعہ وکیل عدالت ہذا میں حاضر ہوں بصورت دیگر مقدمہ کی سماعت یکطرفہ عمل میں لائی جائے گی۔

بعدالت جناب سول جج صاحب حیدرآباد میں مقدمہ زیر سماعت ہے جس میں مدعی کی جانب سے درخواست دائر کی گئی ہے کہ مدعا علیہ کو عدالت میں حاضر ہونے کا حکم دیا جائے بصورت دیگر عدالت یکطرفہ کارروائی عمل میں لائے گی۔ جملہ متعلقین کو مطلع کیا جاتا ہے کہ مقررہ تاریخ پر صبح 8 بجے بذات خود یا بذریعہ وکیل عدالت ہذا میں حاضر ہوں بصورت دیگر مقدمہ کی سماعت یکطرفہ عمل میں لائی جائے گی۔

بعدالت جناب سول جج صاحب حیدرآباد میں مقدمہ زیر سماعت ہے جس میں مدعی کی جانب سے درخواست دائر کی گئی ہے کہ مدعا علیہ کو عدالت میں حاضر ہونے کا حکم دیا جائے بصورت دیگر عدالت یکطرفہ کارروائی عمل میں لائے گی۔ جملہ متعلقین کو مطلع کیا جاتا ہے کہ مقررہ تاریخ پر صبح 8 بجے بذات خود یا بذریعہ وکیل عدالت ہذا میں حاضر ہوں بصورت دیگر مقدمہ کی سماعت یکطرفہ عمل میں لائی جائے گی۔

بعدالت جناب سول جج صاحب حیدرآباد میں مقدمہ زیر سماعت ہے جس میں مدعی کی جانب سے درخواست دائر کی گئی ہے کہ مدعا علیہ کو عدالت میں حاضر ہونے کا حکم دیا جائے بصورت دیگر عدالت یکطرفہ کارروائی عمل میں لائے گی۔ جملہ متعلقین کو مطلع کیا جاتا ہے کہ مقررہ تاریخ پر صبح 8 بجے بذات خود یا بذریعہ وکیل عدالت ہذا میں حاضر ہوں بصورت دیگر مقدمہ کی سماعت یکطرفہ عمل میں لائی جائے گی۔

بعدالت جناب سول جج صاحب حیدرآباد میں مقدمہ زیر سماعت ہے جس میں مدعی کی جانب سے درخواست دائر کی گئی ہے کہ مدعا علیہ کو عدالت میں حاضر ہونے کا حکم دیا جائے بصورت دیگر عدالت یکطرفہ کارروائی عمل میں لائے گی۔ جملہ متعلقین کو مطلع کیا جاتا ہے کہ مقررہ تاریخ پر صبح 8 بجے بذات خود یا بذریعہ وکیل عدالت ہذا میں حاضر ہوں بصورت دیگر مقدمہ کی سماعت یکطرفہ عمل میں لائی جائے گی۔

بعدالت جناب سول جج صاحب حیدرآباد میں مقدمہ زیر سماعت ہے جس میں مدعی کی جانب سے درخواست دائر کی گئی ہے کہ مدعا علیہ کو عدالت میں حاضر ہونے کا حکم دیا جائے بصورت دیگر عدالت یکطرفہ کارروائی عمل میں لائے گی۔ جملہ متعلقین کو مطلع کیا جاتا ہے کہ مقررہ تاریخ پر صبح 8 بجے بذات خود یا بذریعہ وکیل عدالت ہذا میں حاضر ہوں بصورت دیگر مقدمہ کی سماعت یکطرفہ عمل میں لائی جائے گی۔

جیئر 25
تحقیقات

بعدالت جناب سول جج صاحب حیدرآباد میں مقدمہ زیر سماعت ہے جس میں مدعی کی جانب سے درخواست دائر کی گئی ہے کہ مدعا علیہ کو عدالت میں حاضر ہونے کا حکم دیا جائے بصورت دیگر عدالت یکطرفہ کارروائی عمل میں لائے گی۔ جملہ متعلقین کو مطلع کیا جاتا ہے کہ مقررہ تاریخ پر صبح 8 بجے بذات خود یا بذریعہ وکیل عدالت ہذا میں حاضر ہوں بصورت دیگر مقدمہ کی سماعت یکطرفہ عمل میں لائی جائے گی۔

بعدالت جناب سول جج صاحب حیدرآباد میں مقدمہ زیر سماعت ہے جس میں مدعی کی جانب سے درخواست دائر کی گئی ہے کہ مدعا علیہ کو عدالت میں حاضر ہونے کا حکم دیا جائے بصورت دیگر عدالت یکطرفہ کارروائی عمل میں لائے گی۔ جملہ متعلقین کو مطلع کیا جاتا ہے کہ مقررہ تاریخ پر صبح 8 بجے بذات خود یا بذریعہ وکیل عدالت ہذا میں حاضر ہوں بصورت دیگر مقدمہ کی سماعت یکطرفہ عمل میں لائی جائے گی۔

بعدالت جناب سول جج صاحب حیدرآباد میں مقدمہ زیر سماعت ہے جس میں مدعی کی جانب سے درخواست دائر کی گئی ہے کہ مدعا علیہ کو عدالت میں حاضر ہونے کا حکم دیا جائے بصورت دیگر عدالت یکطرفہ کارروائی عمل میں لائے گی۔ جملہ متعلقین کو مطلع کیا جاتا ہے کہ مقررہ تاریخ پر صبح 8 بجے بذات خود یا بذریعہ وکیل عدالت ہذا میں حاضر ہوں بصورت دیگر مقدمہ کی سماعت یکطرفہ عمل میں لائی جائے گی۔

بعدالت جناب سول جج صاحب حیدرآباد میں مقدمہ زیر سماعت ہے جس میں مدعی کی جانب سے درخواست دائر کی گئی ہے کہ مدعا علیہ کو عدالت میں حاضر ہونے کا حکم دیا جائے بصورت دیگر عدالت یکطرفہ کارروائی عمل میں لائے گی۔ جملہ متعلقین کو مطلع کیا جاتا ہے کہ مقررہ تاریخ پر صبح 8 بجے بذات خود یا بذریعہ وکیل عدالت ہذا میں حاضر ہوں بصورت دیگر مقدمہ کی سماعت یکطرفہ عمل میں لائی جائے گی۔

بعدالت جناب سول جج صاحب حیدرآباد میں مقدمہ زیر سماعت ہے جس میں مدعی کی جانب سے درخواست دائر کی گئی ہے کہ مدعا علیہ کو عدالت میں حاضر ہونے کا حکم دیا جائے بصورت دیگر عدالت یکطرفہ کارروائی عمل میں لائے گی۔ جملہ متعلقین کو مطلع کیا جاتا ہے کہ مقررہ تاریخ پر صبح 8 بجے بذات خود یا بذریعہ وکیل عدالت ہذا میں حاضر ہوں بصورت دیگر مقدمہ کی سماعت یکطرفہ عمل میں لائی جائے گی۔

بعدالت جناب سول جج صاحب حیدرآباد میں مقدمہ زیر سماعت ہے جس میں مدعی کی جانب سے درخواست دائر کی گئی ہے کہ مدعا علیہ کو عدالت میں حاضر ہونے کا حکم دیا جائے بصورت دیگر عدالت یکطرفہ کارروائی عمل میں لائے گی۔ جملہ متعلقین کو مطلع کیا جاتا ہے کہ مقررہ تاریخ پر صبح 8 بجے بذات خود یا بذریعہ وکیل عدالت ہذا میں حاضر ہوں بصورت دیگر مقدمہ کی سماعت یکطرفہ عمل میں لائی جائے گی۔

جیئر 26
احمد

بعدالت جناب سول جج صاحب حیدرآباد میں مقدمہ زیر سماعت ہے جس میں مدعی کی جانب سے درخواست دائر کی گئی ہے کہ مدعا علیہ کو عدالت میں حاضر ہونے کا حکم دیا جائے بصورت دیگر عدالت یکطرفہ کارروائی عمل میں لائے گی۔ جملہ متعلقین کو مطلع کیا جاتا ہے کہ مقررہ تاریخ پر صبح 8 بجے بذات خود یا بذریعہ وکیل عدالت ہذا میں حاضر ہوں بصورت دیگر مقدمہ کی سماعت یکطرفہ عمل میں لائی جائے گی۔

بعدالت جناب سول جج صاحب حیدرآباد میں مقدمہ زیر سماعت ہے جس میں مدعی کی جانب سے درخواست دائر کی گئی ہے کہ مدعا علیہ کو عدالت میں حاضر ہونے کا حکم دیا جائے بصورت دیگر عدالت یکطرفہ کارروائی عمل میں لائے گی۔ جملہ متعلقین کو مطلع کیا جاتا ہے کہ مقررہ تاریخ پر صبح 8 بجے بذات خود یا بذریعہ وکیل عدالت ہذا میں حاضر ہوں بصورت دیگر مقدمہ کی سماعت یکطرفہ عمل میں لائی جائے گی۔

بعدالت جناب سول جج صاحب حیدرآباد میں مقدمہ زیر سماعت ہے جس میں مدعی کی جانب سے درخواست دائر کی گئی ہے کہ مدعا علیہ کو عدالت میں حاضر ہونے کا حکم دیا جائے بصورت دیگر عدالت یکطرفہ کارروائی عمل میں لائے گی۔ جملہ متعلقین کو مطلع کیا جاتا ہے کہ مقررہ تاریخ پر صبح 8 بجے بذات خود یا بذریعہ وکیل عدالت ہذا میں حاضر ہوں بصورت دیگر مقدمہ کی سماعت یکطرفہ عمل میں لائی جائے گی۔

بعدالت جناب سول جج صاحب حیدرآباد میں مقدمہ زیر سماعت ہے جس میں مدعی کی جانب سے درخواست دائر کی گئی ہے کہ مدعا علیہ کو عدالت میں حاضر ہونے کا حکم دیا جائے بصورت دیگر عدالت یکطرفہ کارروائی عمل میں لائے گی۔ جملہ متعلقین کو مطلع کیا جاتا ہے کہ مقررہ تاریخ پر صبح 8 بجے بذات خود یا بذریعہ وکیل عدالت ہذا میں حاضر ہوں بصورت دیگر مقدمہ کی سماعت یکطرفہ عمل میں لائی جائے گی۔

بعدالت جناب سول جج صاحب حیدرآباد میں مقدمہ زیر سماعت ہے جس میں مدعی کی جانب سے درخواست دائر کی گئی ہے کہ مدعا علیہ کو عدالت میں حاضر ہونے کا حکم دیا جائے بصورت دیگر عدالت یکطرفہ کارروائی عمل میں لائے گی۔ جملہ متعلقین کو مطلع کیا جاتا ہے کہ مقررہ تاریخ پر صبح 8 بجے بذات خود یا بذریعہ وکیل عدالت ہذا میں حاضر ہوں بصورت دیگر مقدمہ کی سماعت یکطرفہ عمل میں لائی جائے گی۔

بعدالت جناب سول جج صاحب حیدرآباد میں مقدمہ زیر سماعت ہے جس میں مدعی کی جانب سے درخواست دائر کی گئی ہے کہ مدعا علیہ کو عدالت میں حاضر ہونے کا حکم دیا جائے بصورت دیگر عدالت یکطرفہ کارروائی عمل میں لائے گی۔ جملہ متعلقین کو مطلع کیا جاتا ہے کہ مقررہ تاریخ پر صبح 8 بجے بذات خود یا بذریعہ وکیل عدالت ہذا میں حاضر ہوں بصورت دیگر مقدمہ کی سماعت یکطرفہ عمل میں لائی جائے گی۔

جیئر 27
اعلان

بعدالت جناب سول جج صاحب حیدرآباد میں مقدمہ زیر سماعت ہے جس میں مدعی کی جانب سے درخواست دائر کی گئی ہے کہ مدعا علیہ کو عدالت میں حاضر ہونے کا حکم دیا جائے بصورت دیگر عدالت یکطرفہ کارروائی عمل میں لائے گی۔ جملہ متعلقین کو مطلع کیا جاتا ہے کہ مقررہ تاریخ پر صبح 8 بجے بذات خود یا بذریعہ وکیل عدالت ہذا میں حاضر ہوں بصورت دیگر مقدمہ کی سماعت یکطرفہ عمل میں لائی جائے گی۔

بعدالت جناب سول جج صاحب حیدرآباد میں مقدمہ زیر سماعت ہے جس میں مدعی کی جانب سے درخواست دائر کی گئی ہے کہ مدعا علیہ کو عدالت میں حاضر ہونے کا حکم دیا جائے بصورت دیگر عدالت یکطرفہ کارروائی عمل میں لائے گی۔ جملہ متعلقین کو مطلع کیا جاتا ہے کہ مقررہ تاریخ پر صبح 8 بجے بذات خود یا بذریعہ وکیل عدالت ہذا میں حاضر ہوں بصورت دیگر مقدمہ کی سماعت یکطرفہ عمل میں لائی جائے گی۔

بعدالت جناب سول جج صاحب حیدرآباد میں مقدمہ زیر سماعت ہے جس میں مدعی کی جانب سے درخواست دائر کی گئی ہے کہ مدعا علیہ کو عدالت میں حاضر ہونے کا حکم دیا جائے بصورت دیگر عدالت یکطرفہ کارروائی عمل میں لائے گی۔ جملہ متعلقین کو مطلع کیا جاتا ہے کہ مقررہ تاریخ پر صبح 8 بجے بذات خود یا بذریعہ وکیل عدالت ہذا میں حاضر ہوں بصورت دیگر مقدمہ کی سماعت یکطرفہ عمل میں لائی جائے گی۔

بعدالت جناب سول جج صاحب حیدرآباد میں مقدمہ زیر سماعت ہے جس میں مدعی کی جانب سے درخواست دائر کی گئی ہے کہ مدعا علیہ کو عدالت میں حاضر ہونے کا حکم دیا جائے بصورت دیگر عدالت یکطرفہ کارروائی عمل میں لائے گی۔ جملہ متعلقین کو مطلع کیا جاتا ہے کہ مقررہ تاریخ پر صبح 8 بجے بذات خود یا بذریعہ وکیل عدالت ہذا میں حاضر ہوں بصورت دیگر مقدمہ کی سماعت یکطرفہ عمل میں لائی جائے گی۔

بعدالت جناب سول جج صاحب حیدرآباد میں مقدمہ زیر سماعت ہے جس میں مدعی کی جانب سے درخواست دائر کی گئی ہے کہ مدعا علیہ کو عدالت میں حاضر ہونے کا حکم دیا جائے بصورت دیگر عدالت یکطرفہ کارروائی عمل میں لائے گی۔ جملہ متعلقین کو مطلع کیا جاتا ہے کہ مقررہ تاریخ پر صبح 8 بجے بذات خود یا بذریعہ وکیل عدالت ہذا میں حاضر ہوں بصورت دیگر مقدمہ کی سماعت یکطرفہ عمل میں لائی جائے گی۔

بعدالت جناب سول جج صاحب حیدرآباد میں مقدمہ زیر سماعت ہے جس میں مدعی کی جانب سے درخواست دائر کی گئی ہے کہ مدعا علیہ کو عدالت میں حاضر ہونے کا حکم دیا جائے بصورت دیگر عدالت یکطرفہ کارروائی عمل میں لائے گی۔ جملہ متعلقین کو مطلع کیا جاتا ہے کہ مقررہ تاریخ پر صبح 8 بجے بذات خود یا بذریعہ وکیل عدالت ہذا میں حاضر ہوں بصورت دیگر مقدمہ کی سماعت یکطرفہ عمل میں لائی جائے گی۔

بعدالت جناب سول جج صاحب حیدرآباد میں مقدمہ زیر سماعت ہے جس میں مدعی کی جانب سے درخواست دائر کی گئی ہے کہ مدعا علیہ کو عدالت میں حاضر ہونے کا حکم دیا جائے بصورت دیگر عدالت یکطرفہ کارروائی عمل میں لائے گی۔ جملہ متعلقین کو مطلع کیا جاتا ہے کہ مقررہ تاریخ پر صبح 8 بجے بذات خود یا بذریعہ وکیل عدالت ہذا میں حاضر ہوں بصورت دیگر مقدمہ کی سماعت یکطرفہ عمل میں لائی جائے گی۔

بعدالت جناب سول جج صاحب حیدرآباد میں مقدمہ زیر سماعت ہے جس میں مدعی کی جانب سے درخواست دائر کی گئی ہے کہ مدعا علیہ کو عدالت میں حاضر ہونے کا حکم دیا جائے بصورت دیگر عدالت یکطرفہ کارروائی عمل میں لائے گی۔ جملہ متعلقین کو مطلع کیا جاتا ہے کہ مقررہ تاریخ پر صبح 8 بجے بذات خود یا بذریعہ وکیل عدالت ہذا میں حاضر ہوں بصورت دیگر مقدمہ کی سماعت یکطرفہ عمل میں لائی جائے گی۔

بعدالت جناب سول جج صاحب حیدرآباد میں مقدمہ زیر سماعت ہے جس میں مدعی کی جانب سے درخواست دائر کی گئی ہے کہ مدعا علیہ کو عدالت میں حاضر ہونے کا حکم دیا جائے بصورت دیگر عدالت یکطرفہ کارروائی عمل میں لائے گی۔ جملہ متعلقین کو مطلع کیا جاتا ہے کہ مقررہ تاریخ پر صبح 8 بجے بذات خود یا بذریعہ وکیل عدالت ہذا میں حاضر ہوں بصورت دیگر مقدمہ کی سماعت یکطرفہ عمل میں لائی جائے گی۔

بعدالت جناب سول جج صاحب حیدرآباد میں مقدمہ زیر سماعت ہے جس میں مدعی کی جانب سے درخواست دائر کی گئی ہے کہ مدعا علیہ کو عدالت میں حاضر ہونے کا حکم دیا جائے بصورت دیگر عدالت یکطرفہ کارروائی عمل میں لائے گی۔ جملہ متعلقین کو مطلع کیا جاتا ہے کہ مقررہ تاریخ پر صبح 8 بجے بذات خود یا بذریعہ وکیل عدالت ہذا میں حاضر ہوں بصورت دیگر مقدمہ کی سماعت یکطرفہ عمل میں لائی جائے گی۔

بعدالت جناب سول جج صاحب حیدرآباد میں مقدمہ زیر سماعت ہے جس میں مدعی کی جانب سے درخواست دائر کی گئی ہے کہ مدعا علیہ کو عدالت میں حاضر ہونے کا حکم دیا جائے بصورت دیگر عدالت یکطرفہ کارروائی عمل میں لائے گی۔ جملہ متعلقین کو مطلع کیا جاتا ہے کہ مقررہ تاریخ پر صبح 8 بجے بذات خود یا بذریعہ وکیل عدالت ہذا میں حاضر ہوں بصورت دیگر مقدمہ کی سماعت یکطرفہ عمل میں لائی جائے گی۔

بعدالت جناب سول جج صاحب حیدرآباد میں مقدمہ زیر سماعت ہے جس میں مدعی کی جانب سے درخواست دائر کی گئی ہے کہ مدعا علیہ کو عدالت میں حاضر ہونے کا حکم دیا جائے بصورت دیگر عدالت یکطرفہ کارروائی عمل میں لائے گی۔ جملہ متعلقین کو مطلع کیا جاتا ہے کہ مقررہ تاریخ پر صبح 8 بجے بذات خود یا بذریعہ وکیل عدالت ہذا میں حاضر ہوں بصورت دیگر مقدمہ کی سماعت یکطرفہ عمل میں لائی جائے گی۔

مختصر اشتہارات
صرف -/100 روپے فی سطر
اشتہارات کی بکنگ کے لئے رابطہ کریں
021-35655270,71,72
کورٹ نوٹس	کورٹ نوٹس

بعدالت جناب سول جج صاحب حیدرآباد میں مقدمہ زیر سماعت ہے جس میں مدعی کی جانب سے درخواست دائر کی گئی ہے کہ مدعا علیہ کو عدالت میں حاضر ہونے کا حکم دیا جائے بصورت دیگر عدالت یکطرفہ کارروائی عمل میں لائے گی۔ جملہ متعلقین کو مطلع کیا جاتا ہے کہ مقررہ تاریخ پر صبح 8 بجے بذات خود یا بذریعہ وکیل عدالت ہذا میں حاضر ہوں بصورت دیگر مقدمہ کی سماعت یکطرفہ عمل میں لائی جائے گی۔

آج مورخہ 03-06-2026 کو میرے دستخط اور مہر عدالت سے جاری ہوا۔ STF

بعدالت جناب سول جج صاحب حیدرآباد میں مقدمہ زیر سماعت ہے جس میں مدعی کی جانب سے درخواست دائر کی گئی ہے کہ مدعا علیہ کو عدالت میں حاضر ہونے کا حکم دیا جائے بصورت دیگر عدالت یکطرفہ کارروائی عمل میں لائے گی۔ جملہ متعلقین کو مطلع کیا جاتا ہے کہ مقررہ تاریخ پر صبح 8 بجے بذات خود یا بذریعہ وکیل عدالت ہذا میں حاضر ہوں بصورت دیگر مقدمہ کی سماعت یکطرفہ عمل میں لائی جائے گی۔

آج مورخہ 03-06-2026 کو میرے دستخط اور مہر عدالت سے جاری ہوا۔ STF

بعدالت جناب سول جج صاحب حیدرآباد میں مقدمہ زیر سماعت ہے جس میں مدعی کی جانب سے درخواست دائر کی گئی ہے کہ مدعا علیہ کو عدالت میں حاضر ہونے کا حکم دیا جائے بصورت دیگر عدالت یکطرفہ کارروائی عمل میں لائے گی۔ جملہ متعلقین کو مطلع کیا جاتا ہے کہ مقررہ تاریخ پر صبح 8 بجے بذات خود یا بذریعہ وکیل عدالت ہذا میں حاضر ہوں بصورت دیگر مقدمہ کی سماعت یکطرفہ عمل میں لائی جائے گی۔

آج مورخہ 03-06-2026 کو میرے دستخط اور مہر عدالت سے جاری ہوا۔ STF

بعدالت جناب سول جج صاحب حیدرآباد میں مقدمہ زیر سماعت ہے جس میں مدعی کی جانب سے درخواست دائر کی گئی ہے کہ مدعا علیہ کو عدالت میں حاضر ہونے کا حکم دیا جائے بصورت دیگر عدالت یکطرفہ کارروائی عمل میں لائے گی۔ جملہ متعلقین کو مطلع کیا جاتا ہے کہ مقررہ تاریخ پر صبح 8 بجے بذات خود یا بذریعہ وکیل عدالت ہذا میں حاضر ہوں بصورت دیگر مقدمہ کی سماعت یکطرفہ عمل میں لائی جائے گی۔

آج مورخہ 03-06-2026 کو میرے دستخط اور مہر عدالت سے جاری ہوا۔ STF

بعدالت جناب سول جج صاحب حیدرآباد میں مقدمہ زیر سماعت ہے جس میں مدعی کی جانب سے درخواست دائر کی گئی ہے کہ مدعا علیہ کو عدالت میں حاضر ہونے کا حکم دیا جائے بصورت دیگر عدالت یکطرفہ کارروائی عمل میں لائے گی۔ جملہ متعلقین کو مطلع کیا جاتا ہے کہ مقررہ تاریخ پر صبح 8 بجے بذات خود یا بذریعہ وکیل عدالت ہذا میں حاضر ہوں بصورت دیگر مقدمہ کی سماعت یکطرفہ عمل میں لائی جائے گی۔

آج مورخہ 03-06-2026 کو میرے دستخط اور مہر عدالت سے جاری ہوا۔ STF

بعدالت جناب سول جج صاحب حیدرآباد میں مقدمہ زیر سماعت ہے جس میں مدعی کی جانب سے درخواست دائر کی گئی ہے کہ مدعا علیہ کو عدالت میں حاضر ہونے کا حکم دیا جائے بصورت دیگر عدالت یکطرفہ کارروائی عمل میں لائے گی۔ جملہ متعلقین کو مطلع کیا جاتا ہے کہ مقررہ تاریخ پر صبح 8 بجے بذات خود یا بذریعہ وکیل عدالت ہذا میں حاضر ہوں بصورت دیگر مقدمہ کی سماعت یکطرفہ عمل میں لائی جائے گی۔

آج مورخہ 03-06-2026 کو میرے دستخط اور مہر عدالت سے جاری ہوا۔ STF

بعدالت جناب سول جج صاحب حیدرآباد میں مقدمہ زیر سماعت ہے جس میں مدعی کی جانب سے درخواست دائر کی گئی ہے کہ مدعا علیہ کو عدالت میں حاضر ہونے کا حکم دیا جائے بصورت دیگر عدالت یکطرفہ کارروائی عمل میں لائے گی۔ جملہ متعلقین کو مطلع کیا جاتا ہے کہ مقررہ تاریخ پر صبح 8 بجے بذات خود یا بذریعہ وکیل عدالت ہذا میں حاضر ہوں بصورت دیگر مقدمہ کی سماعت یکطرفہ عمل میں لائی جائے گی۔

آج مورخہ 03-06-2026 کو میرے دستخط اور مہر عدالت سے جاری ہوا۔ STF

بعدالت جناب سول جج صاحب حیدرآباد میں مقدمہ زیر سماعت ہے جس میں مدعی کی جانب سے درخواست دائر کی گئی ہے کہ مدعا علیہ کو عدالت میں حاضر ہونے کا حکم دیا جائے بصورت دیگر عدالت یکطرفہ کارروائی عمل میں لائے گی۔ جملہ متعلقین کو مطلع کیا جاتا ہے کہ مقررہ تاریخ پر صبح 8 بجے بذات خود یا بذریعہ وکیل عدالت ہذا میں حاضر ہوں بصورت دیگر مقدمہ کی سماعت یکطرفہ عمل میں لائی جائے گی۔

آج مورخہ 03-06-2026 کو میرے دستخط اور مہر عدالت سے جاری ہوا۔ STF

بعدالت جناب سول جج صاحب حیدرآباد میں مقدمہ زیر سماعت ہے جس میں مدعی کی جانب سے درخواست دائر کی گئی ہے کہ مدعا علیہ کو عدالت میں حاضر ہونے کا حکم دیا جائے بصورت دیگر عدالت یکطرفہ کارروائی عمل میں لائے گی۔ جملہ متعلقین کو مطلع کیا جاتا ہے کہ مقررہ تاریخ پر صبح 8 بجے بذات خود یا بذریعہ وکیل عدالت ہذا میں حاضر ہوں بصورت دیگر مقدمہ کی سماعت یکطرفہ عمل میں لائی جائے گی۔

آج مورخہ 03-06-2026 کو میرے دستخط اور مہر عدالت سے جاری ہوا۔ STF

بعدالت جناب سول جج صاحب حیدرآباد میں مقدمہ زیر سماعت ہے جس میں مدعی کی جانب سے درخواست دائر کی گئی ہے کہ مدعا علیہ کو عدالت میں حاضر ہونے کا حکم دیا جائے بصورت دیگر عدالت یکطرفہ کارروائی عمل میں لائے گی۔ جملہ متعلقین کو مطلع کیا جاتا ہے کہ مقررہ تاریخ پر صبح 8 بجے بذات خود یا بذریعہ وکیل عدالت ہذا میں حاضر ہوں بصورت دیگر مقدمہ کی سماعت یکطرفہ عمل میں لائی جائے گی۔

آج مورخہ 03-06-2026 کو میرے دستخط اور مہر عدالت سے جاری ہوا۔ STF

بعدالت جناب سول جج صاحب حیدرآباد میں مقدمہ زیر سماعت ہے جس میں مدعی کی جانب سے درخواست دائر کی گئی ہے کہ مدعا علیہ کو عدالت میں حاضر ہونے کا حکم دیا جائے بصورت دیگر عدالت یکطرفہ کارروائی عمل میں لائے گی۔ جملہ متعلقین کو مطلع کیا جاتا ہے کہ مقررہ تاریخ پر صبح 8 بجے بذات خود یا بذریعہ وکیل عدالت ہذا میں حاضر ہوں بصورت دیگر مقدمہ کی سماعت یکطرفہ عمل میں لائی جائے گی۔

آج مورخہ 03-06-2026 کو میرے دستخط اور مہر عدالت سے جاری ہوا۔ STF

بعدالت جناب سول جج صاحب حیدرآباد میں مقدمہ زیر سماعت ہے جس میں مدعی کی جانب سے درخواست دائر کی گئی ہے کہ مدعا علیہ کو عدالت میں حاضر ہونے کا حکم دیا جائے بصورت دیگر عدالت یکطرفہ کارروائی عمل میں لائے گی۔ جملہ متعلقین کو مطلع کیا جاتا ہے کہ مقررہ تاریخ پر صبح 8 بجے بذات خود یا بذریعہ وکیل عدالت ہذا میں حاضر ہوں بصورت دیگر مقدمہ کی سماعت یکطرفہ عمل میں لائی جائے گی۔

آج مورخہ 03-06-2026 کو میرے دستخط اور مہر عدالت سے جاری ہوا۔ STF

بعدالت جناب سول جج صاحب حیدرآباد میں مقدمہ زیر سماعت ہے جس میں مدعی کی جانب سے درخواست دائر کی گئی ہے کہ مدعا علیہ کو عدالت میں حاضر ہونے کا حکم دیا جائے بصورت دیگر عدالت یکطرفہ کارروائی عمل میں لائے گی۔ جملہ متعلقین کو مطلع کیا جاتا ہے کہ مقررہ تاریخ پر صبح 8 بجے بذات خود یا بذریعہ وکیل عدالت ہذا میں حاضر ہوں بصورت دیگر مقدمہ کی سماعت یکطرفہ عمل میں لائی جائے گی۔

آج مورخہ 03-06-2026 کو میرے دستخط اور مہر عدالت سے جاری ہوا۔ STF

بعدالت جناب سول جج صاحب حیدرآباد میں مقدمہ زیر سماعت ہے جس میں مدعی کی جانب سے درخواست دائر کی گئی ہے کہ مدعا علیہ کو عدالت میں حاضر ہونے کا حکم دیا جائے بصورت دیگر عدالت یکطرفہ کارروائی عمل میں لائے گی۔ جملہ متعلقین کو مطلع کیا جاتا ہے کہ مقررہ تاریخ پر صبح 8 بجے بذات خود یا بذریعہ وکیل عدالت ہذا میں حاضر ہوں بصورت دیگر مقدمہ کی سماعت یکطرفہ عمل میں لائی جائے گی۔

آج مورخہ 03-06-2026 کو میرے دستخط اور مہر عدالت سے جاری ہوا۔ STF

بعدالت جناب سول جج صاحب حیدرآباد میں مقدمہ زیر سماعت ہے جس میں مدعی کی جانب سے درخواست دائر کی گئی ہے کہ مدعا علیہ کو عدالت میں حاضر ہونے کا حکم دیا جائے بصورت دیگر عدالت یکطرفہ کارروائی عمل میں لائے گی۔ جملہ متعلقین کو مطلع کیا جاتا ہے کہ مقررہ تاریخ پر صبح 8 بجے بذات خود یا بذریعہ وکیل عدالت ہذا میں حاضر ہوں بصورت دیگر مقدمہ کی سماعت یکطرفہ عمل میں لائی جائے گی۔

آج مورخہ 03-06-2026 کو میرے دستخط اور مہر عدالت سے جاری ہوا۔ STF

بعدالت جناب سول جج صاحب حیدرآباد میں مقدمہ زیر سماعت ہے جس میں مدعی کی جانب سے درخواست دائر کی گئی ہے کہ مدعا علیہ کو عدالت میں حاضر ہونے کا حکم دیا جائے بصورت دیگر عدالت یکطرفہ کارروائی عمل میں لائے گی۔ جملہ متعلقین کو مطلع کیا جاتا ہے کہ مقررہ تاریخ پر صبح 8 بجے بذات خود یا بذریعہ وکیل عدالت ہذا میں حاضر ہوں بصورت دیگر مقدمہ کی سماعت یکطرفہ عمل میں لائی جائے گی۔

آج مورخہ 03-06-2026 کو میرے دستخط اور مہر عدالت سے جاری ہوا۔ STF

بعدالت جناب سول جج صاحب حیدرآباد میں مقدمہ زیر سماعت ہے جس میں مدعی کی جانب سے درخواست دائر کی گئی ہے کہ مدعا علیہ کو عدالت میں حاضر ہونے کا حکم دیا جائے بصورت دیگر عدالت یکطرفہ کارروائی عمل میں لائے گی۔ جملہ متعلقین کو مطلع کیا جاتا ہے کہ مقررہ تاریخ پر صبح 8 بجے بذات خود یا بذریعہ وکیل عدالت ہذا میں حاضر ہوں بصورت دیگر مقدمہ کی سماعت یکطرفہ عمل میں لائی جائے گی۔

آج مورخہ 03-06-2026 کو میرے دستخط اور مہر عدالت سے جاری ہوا۔ STF

بعدالت جناب سول جج صاحب حیدرآباد میں مقدمہ زیر سماعت ہے جس میں مدعی کی جانب سے درخواست دائر کی گئی ہے کہ مدعا علیہ کو عدالت میں حاضر ہونے کا حکم دیا جائے بصورت دیگر عدالت یکطرفہ کارروائی عمل میں لائے گی۔ جملہ متعلقین کو مطلع کیا جاتا ہے کہ مقررہ تاریخ پر صبح 8 بجے بذات خود یا بذریعہ وکیل عدالت ہذا میں حاضر ہوں بصورت دیگر مقدمہ کی سماعت یکطرفہ عمل میں لائی جائے گی۔

آج مورخہ 03-06-2026 کو میرے دستخط اور مہر عدالت سے جاری ہوا۔ STF

بعدالت جناب سول جج صاحب حیدرآباد میں مقدمہ زیر سماعت ہے جس میں مدعی کی جانب سے درخواست دائر کی گئی ہے کہ مدعا علیہ کو عدالت میں حاضر ہونے کا حکم دیا جائے بصورت دیگر عدالت یکطرفہ کارروائی عمل میں لائے گی۔ جملہ متعلقین کو مطلع کیا جاتا ہے کہ مقررہ تاریخ پر صبح 8 بجے بذات خود یا بذریعہ وکیل عدالت ہذا میں حاضر ہوں بصورت دیگر مقدمہ کی سماعت یکطرفہ عمل میں لائی جائے گی۔

آج مورخہ 03-06-2026 کو میرے دستخط اور مہر عدالت سے جاری ہوا۔ STF

بعدالت جناب سول جج صاحب حیدرآباد میں مقدمہ زیر سماعت ہے جس میں مدعی کی جانب سے درخواست دائر کی گئی ہے کہ مدعا علیہ کو عدالت میں حاضر ہونے کا حکم دیا جائے بصورت دیگر عدالت یکطرفہ کارروائی عمل میں لائے گی۔ جملہ متعلقین کو مطلع کیا جاتا ہے کہ مقررہ تاریخ پر صبح 8 بجے بذات خود یا بذریعہ وکیل عدالت ہذا میں حاضر ہوں بصورت دیگر مقدمہ کی سماعت یکطرفہ عمل میں لائی جائے گی۔

آج مورخہ 03-06-2026 کو میرے دستخط اور مہر عدالت سے جاری ہوا۔ STF

بعدالت جناب سول جج صاحب حیدرآباد میں مقدمہ زیر سماعت ہے جس میں مدعی کی جانب سے درخواست دائر کی گئی ہے کہ مدعا علیہ کو عدالت میں حاضر ہونے کا حکم دیا جائے بصورت دیگر عدالت یکطرفہ کارروائی عمل میں لائے گی۔ جملہ متعلقین کو مطلع کیا جاتا ہے کہ مقررہ تاریخ پر صبح 8 بجے بذات خود یا بذریعہ وکیل عدالت ہذا میں حاضر ہوں بصورت دیگر مقدمہ کی سماعت یکطرفہ عمل میں لائی جائے گی۔

آج مورخہ 03-06-2026 کو میرے دستخط اور مہر عدالت سے جاری ہوا۔ STF

بعدالت جناب سول جج صاحب حیدرآباد میں مقدمہ زیر سماعت ہے جس میں مدعی کی جانب سے درخواست دائر کی گئی ہے کہ مدعا علیہ کو عدالت میں حاضر ہونے کا حکم دیا جائے بصورت دیگر عدالت یکطرفہ کارروائی عمل میں لائے گی۔ جملہ متعلقین کو مطلع کیا جاتا ہے کہ مقررہ تاریخ پر صبح 8 بجے بذات خود یا بذریعہ وکیل عدالت ہذا میں حاضر ہوں بصورت دیگر مقدمہ کی سماعت یکطرفہ عمل میں لائی جائے گی۔

آج مورخہ 03-06-2026 کو میرے دستخط اور مہر عدالت سے جاری ہوا۔ STF

بعدالت جناب سول جج صاحب حیدرآباد میں مقدمہ زیر سماعت ہے جس میں مدعی کی جانب سے درخواست دائر کی گئی ہے کہ مدعا علیہ کو عدالت میں حاضر ہونے کا حکم دیا جائے بصورت دیگر عدالت یکطرفہ کارروائی عمل میں لائے گی۔ جملہ متعلقین کو مطلع کیا جاتا ہے کہ مقررہ تاریخ پر صبح 8 بجے بذات خود یا بذریعہ وکیل عدالت ہذا میں حاضر ہوں بصورت دیگر مقدمہ کی سماعت یکطرفہ عمل میں لائی جائے گی۔

آج مورخہ 03-06-2026 کو میرے دستخط اور مہر عدالت سے جاری ہوا۔ STF

بعدالت جناب سول جج صاحب حیدرآباد میں مقدمہ زیر سماعت ہے جس میں مدعی کی جانب سے درخواست دائر کی گئی ہے کہ مدعا علیہ کو عدالت میں حاضر ہونے کا حکم دیا جائے بصورت دیگر عدالت یکطرفہ کارروائی عمل میں لائے گی۔ جملہ متعلقین کو مطلع کیا جاتا ہے کہ مقررہ تاریخ پر صبح 8 بجے بذات خود یا بذریعہ وکیل عدالت ہذا میں حاضر ہوں بصورت دیگر مقدمہ کی سماعت یکطرفہ عمل میں لائی جائے گی۔

آج مورخہ 03-06-2026 کو میرے دستخط اور مہر عدالت سے جاری ہوا۔ STF

بعدالت جناب سول جج صاحب حیدرآباد میں مقدمہ زیر سماعت ہے جس میں مدعی کی جانب سے درخواست دائر کی گئی ہے کہ مدعا علیہ کو عدالت میں حاضر ہونے کا حکم دیا جائے بصورت دیگر عدالت یکطرفہ کارروائی عمل میں لائے گی۔ جملہ متعلقین کو مطلع کیا جاتا ہے کہ مقررہ تاریخ پر صبح 8 بجے بذات خود یا بذریعہ وکیل عدالت ہذا میں حاضر ہوں بصورت دیگر مقدمہ کی سماعت یکطرفہ عمل میں لائی جائے گی۔

آج مورخہ 03-06-2026 کو میرے دستخط اور مہر عدالت سے جاری ہوا۔ STF

بعدالت جناب سول جج صاحب حیدرآباد میں مقدمہ زیر سماعت ہے جس میں مدعی کی جانب سے درخواست دائر کی گئی ہے کہ مدعا علیہ کو عدالت میں حاضر ہونے کا حکم دیا جائے بصورت دیگر عدالت یکطرفہ کارروائی عمل میں لائے گی۔ جملہ متعلقین کو مطلع کیا جاتا ہے کہ مقررہ تاریخ پر صبح 8 بجے بذات خود یا بذریعہ وکیل عدالت ہذا میں حاضر ہوں بصورت دیگر مقدمہ کی سماعت یکطرفہ عمل میں لائی جائے گی۔

آج مورخہ 03-06-2026 کو میرے دستخط اور مہر عدالت سے جاری ہوا۔ STF

بعدالت جناب سول جج صاحب حیدرآباد میں مقدمہ زیر سماعت ہے جس میں مدعی کی جانب سے درخواست دائر کی گئی ہے کہ مدعا علیہ کو عدالت میں حاضر ہونے کا حکم دیا جائے بصورت دیگر عدالت یکطرفہ کارروائی عمل میں لائے گی۔ جملہ متعلقین کو مطلع کیا جاتا ہے کہ مقررہ تاریخ پر صبح 8 بجے بذات خود یا بذریعہ وکیل عدالت ہذا میں حاضر ہوں بصورت دیگر مقدمہ کی سماعت یکطرفہ عمل میں لائی جائے گی۔

آج مورخہ 03-06-2026 کو میرے دستخط اور مہر عدالت سے جاری ہوا۔ STF

بعدالت جناب سول جج صاحب حیدرآباد میں مقدمہ زیر سماعت ہے جس میں مدعی کی جانب سے درخواست دائر کی گئی ہے کہ مدعا علیہ کو عدالت میں حاضر ہونے کا حکم دیا جائے بصورت دیگر عدالت یکطرفہ کارروائی عمل میں لائے گی۔ جملہ متعلقین کو مطلع کیا جاتا ہے کہ مقررہ تاریخ پر صبح 8 بجے بذات خود یا بذریعہ وکیل عدالت ہذا میں حاضر ہوں بصورت دیگر مقدمہ کی سماعت یکطرفہ عمل میں لائی جائے گی۔

آج مورخہ 03-06-2026 کو میرے دستخط اور مہر عدالت سے جاری ہوا۔ STF

بعدالت جناب سول جج صاحب حیدرآباد میں مقدمہ زیر سماعت ہے جس میں مدعی کی جانب سے درخواست دائر کی گئی ہے کہ مدعا علیہ کو عدالت میں حاضر ہونے کا حکم دیا جائے بصورت دیگر عدالت یکطرفہ کارروائی عمل میں لائے گی۔ جملہ متعلقین کو مطلع کیا جاتا ہے کہ مقررہ تاریخ پر صبح 8 بجے بذات خود یا بذریعہ وکیل عدالت ہذا میں حاضر ہوں بصورت دیگر مقدمہ کی سماعت یکطرفہ عمل میں لائی جائے گی۔

آج مورخہ 03-06-2026 کو میرے دستخط اور مہر عدالت سے جاری ہوا۔ STF

بعدالت جناب سول جج صاحب حیدرآباد میں مقدمہ زیر سماعت ہے جس میں مدعی کی جانب سے درخواست دائر کی گئی ہے کہ مدعا علیہ کو عدالت میں حاضر ہونے کا حکم دیا جائے بصورت دیگر عدالت یکطرفہ کارروائی عمل میں لائے گی۔ جملہ متعلقین کو مطلع کیا جاتا ہے کہ مقررہ تاریخ پر صبح 8 بجے بذات خود یا بذریعہ وکیل عدالت ہذا میں حاضر ہوں بصورت دیگر مقدمہ کی سماعت یکطرفہ عمل میں لائی جائے گی۔

آج مورخہ 03-06-2026 کو میرے دستخط اور مہر عدالت سے جاری ہوا۔ STF

بعدالت جناب سول جج صاحب حیدرآباد میں مقدمہ زیر سماعت ہے جس میں مدعی کی جانب سے درخواست دائر کی گئی ہے کہ مدعا علیہ کو عدالت میں حاضر ہونے کا حکم دیا جائے بصورت دیگر عدالت یکطرفہ کارروائی عمل میں لائے گی۔ جملہ متعلقین کو مطلع کیا جاتا ہے کہ مقررہ تاریخ پر صبح 8 بجے بذات خود یا بذریعہ وکیل عدالت ہذا میں حاضر ہوں بصورت دیگر مقدمہ کی سماعت یکطرفہ عمل میں لائی جائے گی۔

آج مورخہ 03-06-2026 کو میرے دستخط اور مہر عدالت سے جاری ہوا۔ STF

بعدالت جناب سول جج صاحب حیدرآباد میں مقدمہ زیر سماعت ہے جس میں مدعی کی جانب سے درخواست دائر کی گئی ہے کہ مدعا علیہ کو عدالت میں حاضر ہونے کا حکم دیا جائے بصورت دیگر عدالت یکطرفہ کارروائی عمل میں لائے گی۔ جملہ متعلقین کو مطلع کیا جاتا ہے کہ مقررہ تاریخ پر صبح 8 بجے بذات خود یا بذریعہ وکیل عدالت ہذا میں حاضر ہوں بصورت دیگر مقدمہ کی سماعت یکطرفہ عمل میں لائی جائے گی۔

آج مورخہ 03-06-2026 کو میرے دستخط اور مہر عدالت سے جاری ہوا۔ STF

بعدالت جناب سول جج صاحب حیدرآباد میں مقدمہ زیر سماعت ہے جس میں مدعی کی جانب سے درخواست دائر کی گئی ہے کہ مدعا علیہ کو عدالت میں حاضر ہونے کا حکم دیا جائے بصورت دیگر عدالت یکطرفہ کارروائی عمل میں لائے گی۔ جملہ متعلقین کو مطلع کیا جاتا ہے کہ مقررہ تاریخ پر صبح 8 بجے بذات خود یا بذریعہ وکیل عدالت ہذا میں حاضر ہوں بصورت دیگر مقدمہ کی سماعت یکطرفہ عمل میں لائی جائے گی۔

آج مورخہ 03-06-2026 کو میرے دستخط اور مہر عدالت سے جاری ہوا۔ STF

بعدالت جناب سول جج صاحب حیدرآباد میں مقدمہ زیر سماعت ہے جس میں مدعی کی جانب سے درخواست دائر کی گئی ہے کہ مدعا علیہ کو عدالت میں حاضر ہونے کا حکم دیا جائے بصورت دیگر عدالت یکطرفہ کارروائی عمل میں لائے گی۔ جملہ متعلقین کو مطلع کیا جاتا ہے کہ مقررہ تاریخ پر صبح 8 بجے بذات خود یا بذریعہ وکیل عدالت ہذا میں حاضر ہوں بصورت دیگر مقدمہ کی سماعت یکطرفہ عمل میں لائی جائے گی۔

آج مورخہ 03-06-2026 کو میرے دستخط اور مہر عدالت سے جاری ہوا۔ STF

بعدالت جناب سول جج صاحب حیدرآباد میں مقدمہ زیر سماعت ہے جس میں مدعی کی جانب سے درخواست دائر کی گئی ہے کہ مدعا علیہ کو عدالت میں حاضر ہونے کا حکم دیا جائے بصورت دیگر عدالت یکطرفہ کارروائی عمل میں لائے گی۔ جملہ متعلقین کو مطلع کیا جاتا ہے کہ مقررہ تاریخ پر صبح 8 بجے بذات خود یا بذریعہ وکیل عدالت ہذا میں حاضر ہوں بصورت دیگر مقدمہ کی سماعت یکطرفہ عمل میں لائی جائے گی۔

آج مورخہ 03-06-2026 کو میرے دستخط اور مہر عدالت سے جاری ہوا۔ STF

بعدالت جناب سول جج صاحب حیدرآباد میں مقدمہ زیر سماعت ہے جس میں مدعی کی جانب سے درخواست دائر کی گئی ہے کہ مدعا علیہ کو عدالت میں حاضر ہونے کا حکم دیا جائے بصورت دیگر عدالت یکطرفہ کارروائی عمل میں لائے گی۔ جملہ متعلقین کو مطلع کیا جاتا ہے کہ مقررہ تاریخ پر صبح 8 بجے بذات خود یا بذریعہ وکیل عدالت ہذا میں حاضر ہوں بصورت دیگر مقدمہ کی سماعت یکطرفہ عمل میں لائی جائے گی۔

آج مورخہ 03-06-2026 کو میرے دستخط اور مہر عدالت سے جاری ہوا۔ STF

بعدالت جناب سول جج صاحب حیدرآباد میں مقدمہ زیر سماعت ہے جس میں مدعی کی جانب سے درخواست دائر کی گئی ہے کہ مدعا علیہ کو عدالت میں حاضر ہونے کا حکم دیا جائے بصورت دیگر عدالت یکطرفہ کارروائی عمل میں لائے گی۔ جملہ متعلقین کو مطلع کیا جاتا ہے کہ مقررہ تاریخ پر صبح 8 بجے بذات خود یا بذریعہ وکیل عدالت ہذا میں حاضر ہوں بصورت دیگر مقدمہ کی سماعت یکطرفہ عمل میں لائی جائے گی۔

آج مورخہ 03-06-2026 کو میرے دستخط اور مہر عدالت سے جاری ہوا۔ STF

بعدالت جناب سول جج صاحب حیدرآباد میں مقدمہ زیر سماعت ہے جس میں مدعی کی جانب سے درخواست دائر کی گئی ہے کہ مدعا علیہ کو عدالت میں حاضر ہونے کا حکم دیا جائے بصورت دیگر عدالت یکطرفہ کارروائی عمل میں لائے گی۔ جملہ متعلقین کو مطلع کیا جاتا ہے کہ مقررہ تاریخ پر صبح 8 بجے بذات خود یا بذریعہ وکیل عدالت ہذا میں حاضر ہوں بصورت دیگر مقدمہ کی سماعت یکطرفہ عمل میں لائی جائے گی۔

آج مورخہ 03-06-2026 کو میرے دستخط اور مہر عدالت سے جاری ہوا۔ STF

بعدالت جناب سول جج صاحب حیدرآباد میں مقدمہ زیر سماعت ہے جس میں مدعی کی جانب سے درخواست دائر کی گئی ہے کہ مدعا علیہ کو عدالت میں حاضر ہونے کا حکم دیا جائے بصورت دیگر عدالت یکطرفہ کارروائی عمل میں لائے گی۔ جملہ متعلقین کو مطلع کیا جاتا ہے کہ مقررہ تاریخ پر صبح 8 بجے بذات خود یا بذریعہ وکیل عدالت ہذا میں حاضر ہوں بصورت دیگر مقدمہ کی سماعت یکطرفہ عمل میں لائی جائے گی۔

آج مورخہ 03-06-2026 کو میرے دستخط اور مہر عدالت سے جاری ہوا۔ STF

بعدالت جناب سول جج صاحب حیدرآباد میں مقدمہ زیر سماعت ہے جس میں مدعی کی جانب سے درخواست دائر کی گئی ہے کہ مدعا علیہ کو عدالت میں حاضر ہونے کا حکم دیا جائے بصورت دیگر عدالت یکطرفہ کارروائی عمل میں لائے گی۔ جملہ متعلقین کو مطلع کیا جاتا ہے کہ مقررہ تاریخ پر صبح 8 بجے بذات خود یا بذریعہ وکیل عدالت ہذا میں حاضر ہوں بصورت دیگر مقدمہ کی سماعت یکطرفہ عمل میں لائی جائے گی۔

آج مورخہ 03-06-2026 کو میرے دستخط اور مہر عدالت سے جاری ہوا۔ STF

بعدالت جناب سول جج صاحب حیدرآباد میں مقدمہ زیر سماعت ہے جس میں مدعی کی جانب سے درخواست دائر کی گئی ہے کہ مدعا علیہ کو عدالت میں حاضر ہونے کا حکم دیا جائے بصورت دیگر عدالت یکطرفہ کارروائی عمل میں لائے گی۔ جملہ متعلقین کو مطلع کیا جاتا ہے کہ مقررہ تاریخ پر صبح 8 بجے بذات خود یا بذریعہ وکیل عدالت ہذا میں حاضر ہوں بصورت دیگر مقدمہ کی سماعت یکطرفہ عمل میں لائی جائے گی۔

آج مورخہ 03-06-2026 کو میرے دستخط اور مہر عدالت سے جاری ہوا۔ STF

بعدالت جناب سول جج صاحب حیدرآباد میں مقدمہ زیر سماعت ہے جس میں مدعی کی جانب سے درخواست دائر کی گئی ہے کہ مدعا علیہ کو عدالت میں حاضر ہونے کا حکم دیا جائے بصورت دیگر عدالت یکطرفہ کارروائی عمل میں لائے گی۔ جملہ متعلقین کو مطلع کیا جاتا ہے کہ مقررہ تاریخ پر صبح 8 بجے بذات خود یا بذریعہ وکیل عدالت ہذا میں حاضر ہوں بصورت دیگر مقدمہ کی سماعت یکطرفہ عمل میں لائی جائے گی۔

آج مورخہ 03-06-2026 کو میرے دستخط اور مہر عدالت سے جاری ہوا۔ STF

بعدالت جناب سول جج صاحب حیدرآباد میں مقدمہ زیر سماعت ہے جس میں مدعی کی جانب سے درخواست دائر کی گئی ہے کہ مدعا علیہ کو عدالت میں حاضر ہونے کا حکم دیا جائے بصورت دیگر عدالت یکطرفہ کارروائی عمل میں لائے گی۔ جملہ متعلقین کو مطلع کیا جاتا ہے کہ مقررہ تاریخ پر صبح 8 بجے بذات خود یا بذریعہ وکیل عدالت ہذا میں حاضر ہوں بصورت دیگر مقدمہ کی سماعت یکطرفہ عمل میں لائی جائے گی۔

آج مورخہ 03-06-2026 کو میرے دستخط اور مہر عدالت سے جاری ہوا۔ STF

بعدالت جناب سول جج صاحب حیدرآباد میں مقدمہ زیر سماعت ہے جس میں مدعی کی جانب سے درخواست دائر کی گئی ہے کہ مدعا علیہ کو عدالت میں حاضر ہونے کا حکم دیا جائے بصورت دیگر عدالت یکطرفہ کارروائی عمل میں لائے گی۔ جملہ متعلقین کو مطلع کیا جاتا ہے کہ مقررہ تاریخ پر صبح 8 بجے بذات خود یا بذریعہ وکیل عدالت ہذا میں حاضر ہوں بصورت دیگر مقدمہ کی سماعت یکطرفہ عمل میں لائی جائے گی۔

آج مورخہ 03-06-2026 کو میرے دستخط اور مہر عدالت سے جاری ہوا۔ STF
